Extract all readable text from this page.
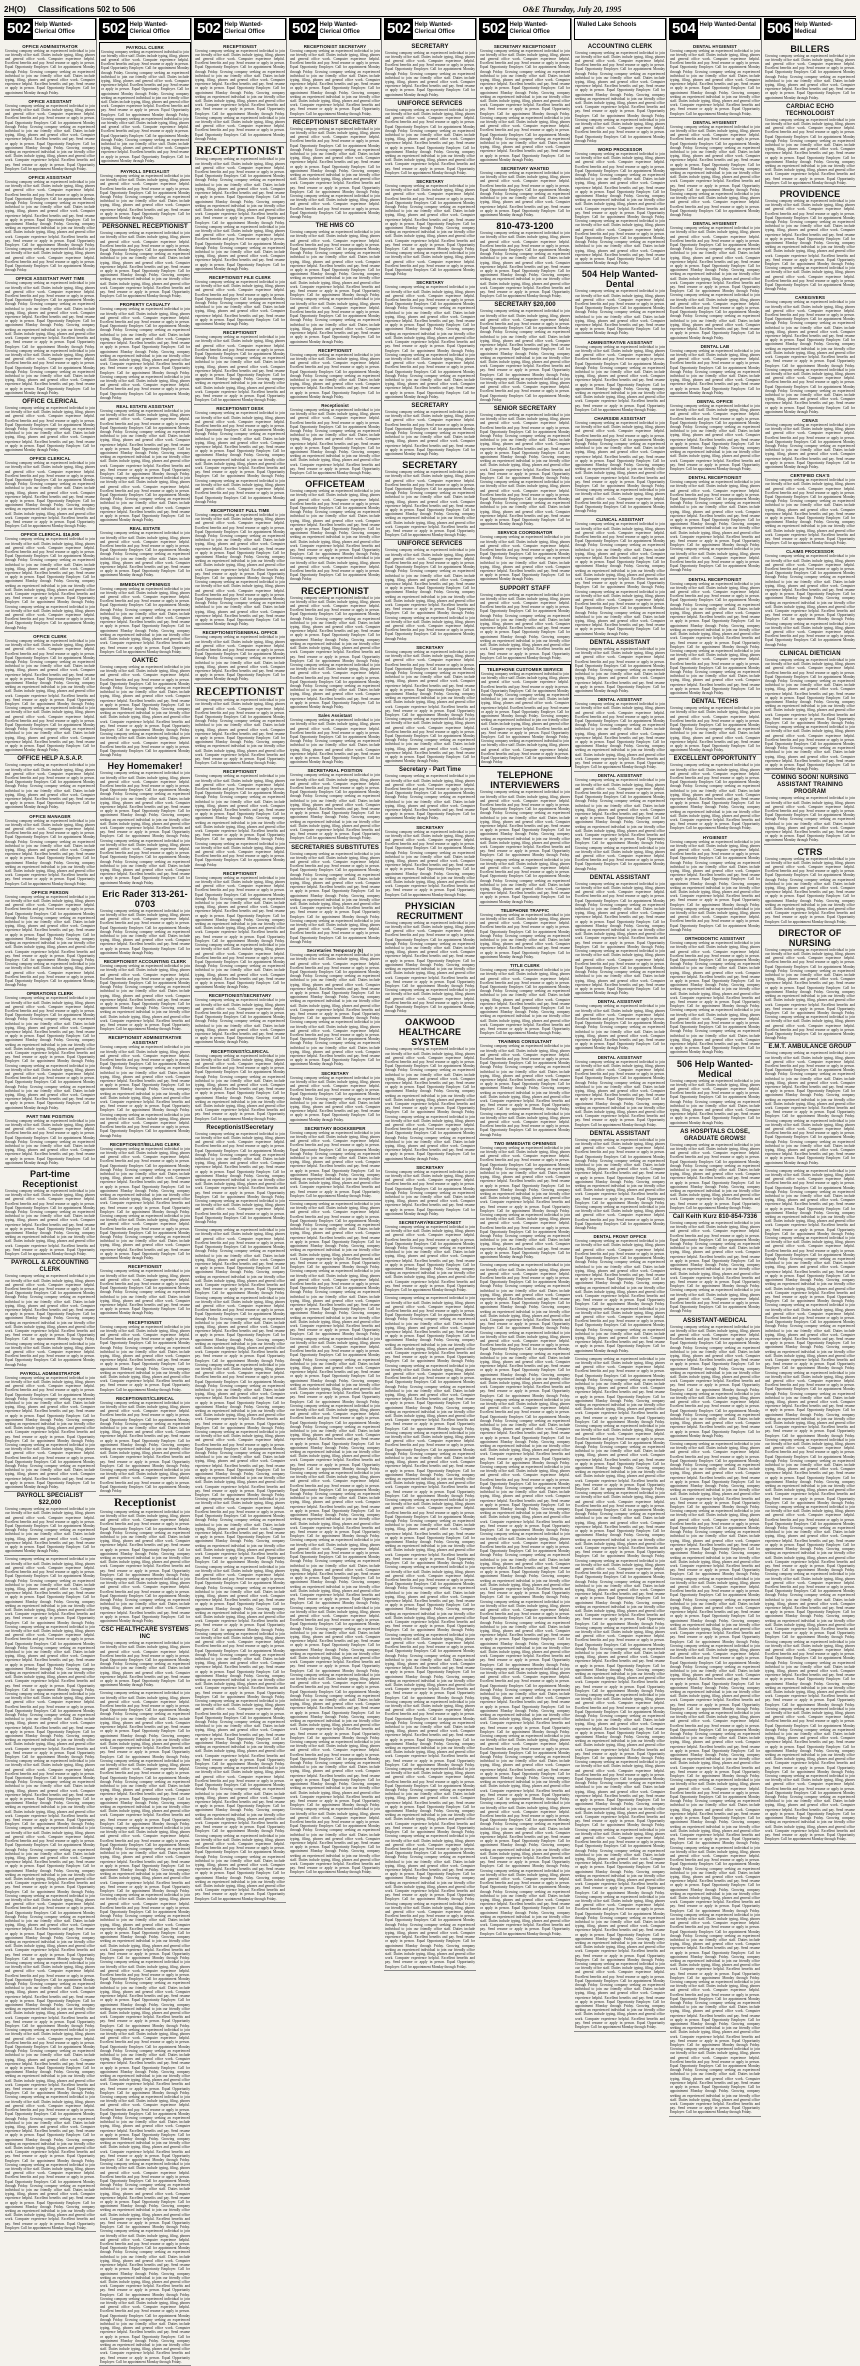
2H(O)	Classifications 502 to 506	O&E Thursday, July 20, 1995
502 Help Wanted-Clerical Office
OFFICE ADMINISTRATOR
Growing company seeking an experienced individual to join our friendly office staff. Duties include typing, filing, phones and general office work. Computer experience helpful. Excellent benefits and pay. Send resume or apply in person. Equal Opportunity Employer. Call for appointment Monday through Friday. Growing company seeking an experienced individual to join our friendly office staff. Duties include typing, filing, phones and general office work. Computer experience helpful. Excellent benefits and pay. Send resume or apply in person. Equal Opportunity Employer. Call for appointment Monday through Friday.
OFFICE ASSISTANT
Growing company seeking an experienced individual to join our friendly office staff. Duties include typing, filing, phones and general office work. Computer experience helpful. Excellent benefits and pay. Send resume or apply in person. Equal Opportunity Employer. Call for appointment Monday through Friday. Growing company seeking an experienced individual to join our friendly office staff. Duties include typing, filing, phones and general office work. Computer experience helpful. Excellent benefits and pay. Send resume or apply in person. Equal Opportunity Employer. Call for appointment Monday through Friday. Growing company seeking an experienced individual to join our friendly office staff. Duties include typing, filing, phones and general office work. Computer experience helpful. Excellent benefits and pay. Send resume or apply in person. Equal Opportunity Employer. Call for appointment Monday through Friday.
OFFICE ASSISTANT
Growing company seeking an experienced individual to join our friendly office staff. Duties include typing, filing, phones and general office work. Computer experience helpful. Excellent benefits and pay. Send resume or apply in person. Equal Opportunity Employer. Call for appointment Monday through Friday. Growing company seeking an experienced individual to join our friendly office staff. Duties include typing, filing, phones and general office work. Computer experience helpful. Excellent benefits and pay. Send resume or apply in person. Equal Opportunity Employer. Call for appointment Monday through Friday. Growing company seeking an experienced individual to join our friendly office staff. Duties include typing, filing, phones and general office work. Computer experience helpful. Excellent benefits and pay. Send resume or apply in person. Equal Opportunity Employer. Call for appointment Monday through Friday. Growing company seeking an experienced individual to join our friendly office staff. Duties include typing, filing, phones and general office work. Computer experience helpful. Excellent benefits and pay. Send resume or apply in person. Equal Opportunity Employer. Call for appointment Monday through Friday.
OFFICE ASSISTANT PART TIME
Growing company seeking an experienced individual to join our friendly office staff. Duties include typing, filing, phones and general office work. Computer experience helpful. Excellent benefits and pay. Send resume or apply in person. Equal Opportunity Employer. Call for appointment Monday through Friday. Growing company seeking an experienced individual to join our friendly office staff. Duties include typing, filing, phones and general office work. Computer experience helpful. Excellent benefits and pay. Send resume or apply in person. Equal Opportunity Employer. Call for appointment Monday through Friday. Growing company seeking an experienced individual to join our friendly office staff. Duties include typing, filing, phones and general office work. Computer experience helpful. Excellent benefits and pay. Send resume or apply in person. Equal Opportunity Employer. Call for appointment Monday through Friday. Growing company seeking an experienced individual to join our friendly office staff. Duties include typing, filing, phones and general office work. Computer experience helpful. Excellent benefits and pay. Send resume or apply in person. Equal Opportunity Employer. Call for appointment Monday through Friday. Growing company seeking an experienced individual to join our friendly office staff. Duties include typing, filing, phones and general office work. Computer experience helpful. Excellent benefits and pay. Send resume or apply in person. Equal Opportunity Employer. Call for appointment Monday through Friday.
OFFICE CLERICAL
Growing company seeking an experienced individual to join our friendly office staff. Duties include typing, filing, phones and general office work. Computer experience helpful. Excellent benefits and pay. Send resume or apply in person. Equal Opportunity Employer. Call for appointment Monday through Friday. Growing company seeking an experienced individual to join our friendly office staff. Duties include typing, filing, phones and general office work. Computer experience helpful. Excellent benefits and pay. Send resume or apply in person. Equal Opportunity Employer. Call for appointment Monday through Friday.
OFFICE CLERICAL
Growing company seeking an experienced individual to join our friendly office staff. Duties include typing, filing, phones and general office work. Computer experience helpful. Excellent benefits and pay. Send resume or apply in person. Equal Opportunity Employer. Call for appointment Monday through Friday. Growing company seeking an experienced individual to join our friendly office staff. Duties include typing, filing, phones and general office work. Computer experience helpful. Excellent benefits and pay. Send resume or apply in person. Equal Opportunity Employer. Call for appointment Monday through Friday. Growing company seeking an experienced individual to join our friendly office staff. Duties include typing, filing, phones and general office work. Computer experience helpful. Excellent benefits and pay. Send resume or apply in person. Equal Opportunity Employer. Call for appointment Monday through Friday.
OFFICE CLERICAL $16,000
Growing company seeking an experienced individual to join our friendly office staff. Duties include typing, filing, phones and general office work. Computer experience helpful. Excellent benefits and pay. Send resume or apply in person. Equal Opportunity Employer. Call for appointment Monday through Friday. Growing company seeking an experienced individual to join our friendly office staff. Duties include typing, filing, phones and general office work. Computer experience helpful. Excellent benefits and pay. Send resume or apply in person. Equal Opportunity Employer. Call for appointment Monday through Friday. Growing company seeking an experienced individual to join our friendly office staff. Duties include typing, filing, phones and general office work. Computer experience helpful. Excellent benefits and pay. Send resume or apply in person. Equal Opportunity Employer. Call for appointment Monday through Friday. Growing company seeking an experienced individual to join our friendly office staff. Duties include typing, filing, phones and general office work. Computer experience helpful. Excellent benefits and pay. Send resume or apply in person. Equal Opportunity Employer. Call for appointment Monday through Friday.
OFFICE CLERK
Growing company seeking an experienced individual to join our friendly office staff. Duties include typing, filing, phones and general office work. Computer experience helpful. Excellent benefits and pay. Send resume or apply in person. Equal Opportunity Employer. Call for appointment Monday through Friday. Growing company seeking an experienced individual to join our friendly office staff. Duties include typing, filing, phones and general office work. Computer experience helpful. Excellent benefits and pay. Send resume or apply in person. Equal Opportunity Employer. Call for appointment Monday through Friday. Growing company seeking an experienced individual to join our friendly office staff. Duties include typing, filing, phones and general office work. Computer experience helpful. Excellent benefits and pay. Send resume or apply in person. Equal Opportunity Employer. Call for appointment Monday through Friday. Growing company seeking an experienced individual to join our friendly office staff. Duties include typing, filing, phones and general office work. Computer experience helpful. Excellent benefits and pay. Send resume or apply in person. Equal Opportunity Employer. Call for appointment Monday through Friday. Growing company seeking an experienced individual to join our friendly office staff. Duties include typing, filing, phones and general office work. Computer experience helpful. Excellent benefits and pay. Send resume or apply in person. Equal Opportunity Employer. Call for appointment Monday through Friday.
OFFICE HELP A.S.A.P.
Growing company seeking an experienced individual to join our friendly office staff. Duties include typing, filing, phones and general office work. Computer experience helpful. Excellent benefits and pay. Send resume or apply in person. Equal Opportunity Employer. Call for appointment Monday through Friday. Growing company seeking an experienced individual to join our friendly office staff. Duties include typing, filing, phones and general office work. Computer experience helpful. Excellent benefits and pay. Send resume or apply in person. Equal Opportunity Employer. Call for appointment Monday through Friday.
OFFICE MANAGER
Growing company seeking an experienced individual to join our friendly office staff. Duties include typing, filing, phones and general office work. Computer experience helpful. Excellent benefits and pay. Send resume or apply in person. Equal Opportunity Employer. Call for appointment Monday through Friday. Growing company seeking an experienced individual to join our friendly office staff. Duties include typing, filing, phones and general office work. Computer experience helpful. Excellent benefits and pay. Send resume or apply in person. Equal Opportunity Employer. Call for appointment Monday through Friday. Growing company seeking an experienced individual to join our friendly office staff. Duties include typing, filing, phones and general office work. Computer experience helpful. Excellent benefits and pay. Send resume or apply in person. Equal Opportunity Employer. Call for appointment Monday through Friday.
OFFICE PERSON
Growing company seeking an experienced individual to join our friendly office staff. Duties include typing, filing, phones and general office work. Computer experience helpful. Excellent benefits and pay. Send resume or apply in person. Equal Opportunity Employer. Call for appointment Monday through Friday. Growing company seeking an experienced individual to join our friendly office staff. Duties include typing, filing, phones and general office work. Computer experience helpful. Excellent benefits and pay. Send resume or apply in person. Equal Opportunity Employer. Call for appointment Monday through Friday. Growing company seeking an experienced individual to join our friendly office staff. Duties include typing, filing, phones and general office work. Computer experience helpful. Excellent benefits and pay. Send resume or apply in person. Equal Opportunity Employer. Call for appointment Monday through Friday. Growing company seeking an experienced individual to join our friendly office staff. Duties include typing, filing, phones and general office work. Computer experience helpful. Excellent benefits and pay. Send resume or apply in person. Equal Opportunity Employer. Call for appointment Monday through Friday.
OPERATIONS CLERK
Growing company seeking an experienced individual to join our friendly office staff. Duties include typing, filing, phones and general office work. Computer experience helpful. Excellent benefits and pay. Send resume or apply in person. Equal Opportunity Employer. Call for appointment Monday through Friday. Growing company seeking an experienced individual to join our friendly office staff. Duties include typing, filing, phones and general office work. Computer experience helpful. Excellent benefits and pay. Send resume or apply in person. Equal Opportunity Employer. Call for appointment Monday through Friday. Growing company seeking an experienced individual to join our friendly office staff. Duties include typing, filing, phones and general office work. Computer experience helpful. Excellent benefits and pay. Send resume or apply in person. Equal Opportunity Employer. Call for appointment Monday through Friday. Growing company seeking an experienced individual to join our friendly office staff. Duties include typing, filing, phones and general office work. Computer experience helpful. Excellent benefits and pay. Send resume or apply in person. Equal Opportunity Employer. Call for appointment Monday through Friday. Growing company seeking an experienced individual to join our friendly office staff. Duties include typing, filing, phones and general office work. Computer experience helpful. Excellent benefits and pay. Send resume or apply in person. Equal Opportunity Employer. Call for appointment Monday through Friday.
PART TIME POSITION
Growing company seeking an experienced individual to join our friendly office staff. Duties include typing, filing, phones and general office work. Computer experience helpful. Excellent benefits and pay. Send resume or apply in person. Equal Opportunity Employer. Call for appointment Monday through Friday. Growing company seeking an experienced individual to join our friendly office staff. Duties include typing, filing, phones and general office work. Computer experience helpful. Excellent benefits and pay. Send resume or apply in person. Equal Opportunity Employer. Call for appointment Monday through Friday.
Part-time Receptionist
Growing company seeking an experienced individual to join our friendly office staff. Duties include typing, filing, phones and general office work. Computer experience helpful. Excellent benefits and pay. Send resume or apply in person. Equal Opportunity Employer. Call for appointment Monday through Friday. Growing company seeking an experienced individual to join our friendly office staff. Duties include typing, filing, phones and general office work. Computer experience helpful. Excellent benefits and pay. Send resume or apply in person. Equal Opportunity Employer. Call for appointment Monday through Friday. Growing company seeking an experienced individual to join our friendly office staff. Duties include typing, filing, phones and general office work. Computer experience helpful. Excellent benefits and pay. Send resume or apply in person. Equal Opportunity Employer. Call for appointment Monday through Friday.
PAYROLL & ACCOUNTING CLERK
Growing company seeking an experienced individual to join our friendly office staff. Duties include typing, filing, phones and general office work. Computer experience helpful. Excellent benefits and pay. Send resume or apply in person. Equal Opportunity Employer. Call for appointment Monday through Friday. Growing company seeking an experienced individual to join our friendly office staff. Duties include typing, filing, phones and general office work. Computer experience helpful. Excellent benefits and pay. Send resume or apply in person. Equal Opportunity Employer. Call for appointment Monday through Friday. Growing company seeking an experienced individual to join our friendly office staff. Duties include typing, filing, phones and general office work. Computer experience helpful. Excellent benefits and pay. Send resume or apply in person. Equal Opportunity Employer. Call for appointment Monday through Friday. Growing company seeking an experienced individual to join our friendly office staff. Duties include typing, filing, phones and general office work. Computer experience helpful. Excellent benefits and pay. Send resume or apply in person. Equal Opportunity Employer. Call for appointment Monday through Friday.
PAYROLL ADMINISTRATOR
Growing company seeking an experienced individual to join our friendly office staff. Duties include typing, filing, phones and general office work. Computer experience helpful. Excellent benefits and pay. Send resume or apply in person. Equal Opportunity Employer. Call for appointment Monday through Friday. Growing company seeking an experienced individual to join our friendly office staff. Duties include typing, filing, phones and general office work. Computer experience helpful. Excellent benefits and pay. Send resume or apply in person. Equal Opportunity Employer. Call for appointment Monday through Friday. Growing company seeking an experienced individual to join our friendly office staff. Duties include typing, filing, phones and general office work. Computer experience helpful. Excellent benefits and pay. Send resume or apply in person. Equal Opportunity Employer. Call for appointment Monday through Friday. Growing company seeking an experienced individual to join our friendly office staff. Duties include typing, filing, phones and general office work. Computer experience helpful. Excellent benefits and pay. Send resume or apply in person. Equal Opportunity Employer. Call for appointment Monday through Friday. Growing company seeking an experienced individual to join our friendly office staff. Duties include typing, filing, phones and general office work. Computer experience helpful. Excellent benefits and pay. Send resume or apply in person. Equal Opportunity Employer. Call for appointment Monday through Friday.
PAYROLL SPECIALIST $22,000
Growing company seeking an experienced individual to join our friendly office staff. Duties include typing, filing, phones and general office work. Computer experience helpful. Excellent benefits and pay. Send resume or apply in person. Equal Opportunity Employer. Call for appointment Monday through Friday. Growing company seeking an experienced individual to join our friendly office staff. Duties include typing, filing, phones and general office work. Computer experience helpful. Excellent benefits and pay. Send resume or apply in person. Equal Opportunity Employer. Call for appointment Monday through Friday.
Growing company seeking an experienced individual to join our friendly office staff. Duties include typing, filing, phones and general office work. Computer experience helpful. Excellent benefits and pay. Send resume or apply in person. Equal Opportunity Employer. Call for appointment Monday through Friday. Growing company seeking an experienced individual to join our friendly office staff. Duties include typing, filing, phones and general office work. Computer experience helpful. Excellent benefits and pay. Send resume or apply in person. Equal Opportunity Employer. Call for appointment Monday through Friday. Growing company seeking an experienced individual to join our friendly office staff. Duties include typing, filing, phones and general office work. Computer experience helpful. Excellent benefits and pay. Send resume or apply in person. Equal Opportunity Employer. Call for appointment Monday through Friday. Growing company seeking an experienced individual to join our friendly office staff. Duties include typing, filing, phones and general office work. Computer experience helpful. Excellent benefits and pay. Send resume or apply in person. Equal Opportunity Employer. Call for appointment Monday through Friday. Growing company seeking an experienced individual to join our friendly office staff. Duties include typing, filing, phones and general office work. Computer experience helpful. Excellent benefits and pay. Send resume or apply in person. Equal Opportunity Employer. Call for appointment Monday through Friday. Growing company seeking an experienced individual to join our friendly office staff. Duties include typing, filing, phones and general office work. Computer experience helpful. Excellent benefits and pay. Send resume or apply in person. Equal Opportunity Employer. Call for appointment Monday through Friday. Growing company seeking an experienced individual to join our friendly office staff. Duties include typing, filing, phones and general office work. Computer experience helpful. Excellent benefits and pay. Send resume or apply in person. Equal Opportunity Employer. Call for appointment Monday through Friday. Growing company seeking an experienced individual to join our friendly office staff. Duties include typing, filing, phones and general office work. Computer experience helpful. Excellent benefits and pay. Send resume or apply in person. Equal Opportunity Employer. Call for appointment Monday through Friday. Growing company seeking an experienced individual to join our friendly office staff. Duties include typing, filing, phones and general office work. Computer experience helpful. Excellent benefits and pay. Send resume or apply in person. Equal Opportunity Employer. Call for appointment Monday through Friday. Growing company seeking an experienced individual to join our friendly office staff. Duties include typing, filing, phones and general office work. Computer experience helpful. Excellent benefits and pay. Send resume or apply in person. Equal Opportunity Employer. Call for appointment Monday through Friday. Growing company seeking an experienced individual to join our friendly office staff. Duties include typing, filing, phones and general office work. Computer experience helpful. Excellent benefits and pay. Send resume or apply in person. Equal Opportunity Employer. Call for appointment Monday through Friday. Growing company seeking an experienced individual to join our friendly office staff. Duties include typing, filing, phones and general office work. Computer experience helpful. Excellent benefits and pay. Send resume or apply in person. Equal Opportunity Employer. Call for appointment Monday through Friday. Growing company seeking an experienced individual to join our friendly office staff. Duties include typing, filing, phones and general office work. Computer experience helpful. Excellent benefits and pay. Send resume or apply in person. Equal Opportunity Employer. Call for appointment Monday through Friday. Growing company seeking an experienced individual to join our friendly office staff. Duties include typing, filing, phones and general office work. Computer experience helpful. Excellent benefits and pay. Send resume or apply in person. Equal Opportunity Employer. Call for appointment Monday through Friday. Growing company seeking an experienced individual to join our friendly office staff. Duties include typing, filing, phones and general office work. Computer experience helpful. Excellent benefits and pay. Send resume or apply in person. Equal Opportunity Employer. Call for appointment Monday through Friday. Growing company seeking an experienced individual to join our friendly office staff. Duties include typing, filing, phones and general office work. Computer experience helpful. Excellent benefits and pay. Send resume or apply in person. Equal Opportunity Employer. Call for appointment Monday through Friday. Growing company seeking an experienced individual to join our friendly office staff. Duties include typing, filing, phones and general office work. Computer experience helpful. Excellent benefits and pay. Send resume or apply in person. Equal Opportunity Employer. Call for appointment Monday through Friday. Growing company seeking an experienced individual to join our friendly office staff. Duties include typing, filing, phones and general office work. Computer experience helpful. Excellent benefits and pay. Send resume or apply in person. Equal Opportunity Employer. Call for appointment Monday through Friday. Growing company seeking an experienced individual to join our friendly office staff. Duties include typing, filing, phones and general office work. Computer experience helpful. Excellent benefits and pay. Send resume or apply in person. Equal Opportunity Employer. Call for appointment Monday through Friday. Growing company seeking an experienced individual to join our friendly office staff. Duties include typing, filing, phones and general office work. Computer experience helpful. Excellent benefits and pay. Send resume or apply in person. Equal Opportunity Employer. Call for appointment Monday through Friday. Growing company seeking an experienced individual to join our friendly office staff. Duties include typing, filing, phones and general office work. Computer experience helpful. Excellent benefits and pay. Send resume or apply in person. Equal Opportunity Employer. Call for appointment Monday through Friday. Growing company seeking an experienced individual to join our friendly office staff. Duties include typing, filing, phones and general office work. Computer experience helpful. Excellent benefits and pay. Send resume or apply in person. Equal Opportunity Employer. Call for appointment Monday through Friday. Growing company seeking an experienced individual to join our friendly office staff. Duties include typing, filing, phones and general office work. Computer experience helpful. Excellent benefits and pay. Send resume or apply in person. Equal Opportunity Employer. Call for appointment Monday through Friday. Growing company seeking an experienced individual to join our friendly office staff. Duties include typing, filing, phones and general office work. Computer experience helpful. Excellent benefits and pay. Send resume or apply in person. Equal Opportunity Employer. Call for appointment Monday through Friday. Growing company seeking an experienced individual to join our friendly office staff. Duties include typing, filing, phones and general office work. Computer experience helpful. Excellent benefits and pay. Send resume or apply in person. Equal Opportunity Employer. Call for appointment Monday through Friday. Growing company seeking an experienced individual to join our friendly office staff. Duties include typing, filing, phones and general office work. Computer experience helpful. Excellent benefits and pay. Send resume or apply in person. Equal Opportunity Employer. Call for appointment Monday through Friday. Growing company seeking an experienced individual to join our friendly office staff. Duties include typing, filing, phones and general office work. Computer experience helpful. Excellent benefits and pay. Send resume or apply in person. Equal Opportunity Employer. Call for appointment Monday through Friday. Growing company seeking an experienced individual to join our friendly office staff. Duties include typing, filing, phones and general office work. Computer experience helpful. Excellent benefits and pay. Send resume or apply in person. Equal Opportunity Employer. Call for appointment Monday through Friday. Growing company seeking an experienced individual to join our friendly office staff. Duties include typing, filing, phones and general office work. Computer experience helpful. Excellent benefits and pay. Send resume or apply in person. Equal Opportunity Employer. Call for appointment Monday through Friday. Growing company seeking an experienced individual to join our friendly office staff. Duties include typing, filing, phones and general office work. Computer experience helpful. Excellent benefits and pay. Send resume or apply in person. Equal Opportunity Employer. Call for appointment Monday through Friday.
502 Help Wanted-Clerical Office
PAYROLL CLERK
Growing company seeking an experienced individual to join our friendly office staff. Duties include typing, filing, phones and general office work. Computer experience helpful. Excellent benefits and pay. Send resume or apply in person. Equal Opportunity Employer. Call for appointment Monday through Friday. Growing company seeking an experienced individual to join our friendly office staff. Duties include typing, filing, phones and general office work. Computer experience helpful. Excellent benefits and pay. Send resume or apply in person. Equal Opportunity Employer. Call for appointment Monday through Friday. Growing company seeking an experienced individual to join our friendly office staff. Duties include typing, filing, phones and general office work. Computer experience helpful. Excellent benefits and pay. Send resume or apply in person. Equal Opportunity Employer. Call for appointment Monday through Friday. Growing company seeking an experienced individual to join our friendly office staff. Duties include typing, filing, phones and general office work. Computer experience helpful. Excellent benefits and pay. Send resume or apply in person. Equal Opportunity Employer. Call for appointment Monday through Friday. Growing company seeking an experienced individual to join our friendly office staff. Duties include typing, filing, phones and general office work. Computer experience helpful. Excellent benefits and pay. Send resume or apply in person. Equal Opportunity Employer. Call for appointment Monday through Friday.
PAYROLL SPECIALIST
Growing company seeking an experienced individual to join our friendly office staff. Duties include typing, filing, phones and general office work. Computer experience helpful. Excellent benefits and pay. Send resume or apply in person. Equal Opportunity Employer. Call for appointment Monday through Friday. Growing company seeking an experienced individual to join our friendly office staff. Duties include typing, filing, phones and general office work. Computer experience helpful. Excellent benefits and pay. Send resume or apply in person. Equal Opportunity Employer. Call for appointment Monday through Friday.
PERSONNEL RECEPTIONIST
Growing company seeking an experienced individual to join our friendly office staff. Duties include typing, filing, phones and general office work. Computer experience helpful. Excellent benefits and pay. Send resume or apply in person. Equal Opportunity Employer. Call for appointment Monday through Friday. Growing company seeking an experienced individual to join our friendly office staff. Duties include typing, filing, phones and general office work. Computer experience helpful. Excellent benefits and pay. Send resume or apply in person. Equal Opportunity Employer. Call for appointment Monday through Friday. Growing company seeking an experienced individual to join our friendly office staff. Duties include typing, filing, phones and general office work. Computer experience helpful. Excellent benefits and pay. Send resume or apply in person. Equal Opportunity Employer. Call for appointment Monday through Friday.
PROPERTY CASUALTY
Growing company seeking an experienced individual to join our friendly office staff. Duties include typing, filing, phones and general office work. Computer experience helpful. Excellent benefits and pay. Send resume or apply in person. Equal Opportunity Employer. Call for appointment Monday through Friday. Growing company seeking an experienced individual to join our friendly office staff. Duties include typing, filing, phones and general office work. Computer experience helpful. Excellent benefits and pay. Send resume or apply in person. Equal Opportunity Employer. Call for appointment Monday through Friday. Growing company seeking an experienced individual to join our friendly office staff. Duties include typing, filing, phones and general office work. Computer experience helpful. Excellent benefits and pay. Send resume or apply in person. Equal Opportunity Employer. Call for appointment Monday through Friday. Growing company seeking an experienced individual to join our friendly office staff. Duties include typing, filing, phones and general office work. Computer experience helpful. Excellent benefits and pay. Send resume or apply in person. Equal Opportunity Employer. Call for appointment Monday through Friday.
REAL ESTATE ASSISTANT
Growing company seeking an experienced individual to join our friendly office staff. Duties include typing, filing, phones and general office work. Computer experience helpful. Excellent benefits and pay. Send resume or apply in person. Equal Opportunity Employer. Call for appointment Monday through Friday. Growing company seeking an experienced individual to join our friendly office staff. Duties include typing, filing, phones and general office work. Computer experience helpful. Excellent benefits and pay. Send resume or apply in person. Equal Opportunity Employer. Call for appointment Monday through Friday. Growing company seeking an experienced individual to join our friendly office staff. Duties include typing, filing, phones and general office work. Computer experience helpful. Excellent benefits and pay. Send resume or apply in person. Equal Opportunity Employer. Call for appointment Monday through Friday. Growing company seeking an experienced individual to join our friendly office staff. Duties include typing, filing, phones and general office work. Computer experience helpful. Excellent benefits and pay. Send resume or apply in person. Equal Opportunity Employer. Call for appointment Monday through Friday. Growing company seeking an experienced individual to join our friendly office staff. Duties include typing, filing, phones and general office work. Computer experience helpful. Excellent benefits and pay. Send resume or apply in person. Equal Opportunity Employer. Call for appointment Monday through Friday.
REAL ESTATE
Growing company seeking an experienced individual to join our friendly office staff. Duties include typing, filing, phones and general office work. Computer experience helpful. Excellent benefits and pay. Send resume or apply in person. Equal Opportunity Employer. Call for appointment Monday through Friday. Growing company seeking an experienced individual to join our friendly office staff. Duties include typing, filing, phones and general office work. Computer experience helpful. Excellent benefits and pay. Send resume or apply in person. Equal Opportunity Employer. Call for appointment Monday through Friday.
IMMEDIATE OPENINGS
Growing company seeking an experienced individual to join our friendly office staff. Duties include typing, filing, phones and general office work. Computer experience helpful. Excellent benefits and pay. Send resume or apply in person. Equal Opportunity Employer. Call for appointment Monday through Friday. Growing company seeking an experienced individual to join our friendly office staff. Duties include typing, filing, phones and general office work. Computer experience helpful. Excellent benefits and pay. Send resume or apply in person. Equal Opportunity Employer. Call for appointment Monday through Friday. Growing company seeking an experienced individual to join our friendly office staff. Duties include typing, filing, phones and general office work. Computer experience helpful. Excellent benefits and pay. Send resume or apply in person. Equal Opportunity Employer. Call for appointment Monday through Friday.
OAKTEC
Growing company seeking an experienced individual to join our friendly office staff. Duties include typing, filing, phones and general office work. Computer experience helpful. Excellent benefits and pay. Send resume or apply in person. Equal Opportunity Employer. Call for appointment Monday through Friday. Growing company seeking an experienced individual to join our friendly office staff. Duties include typing, filing, phones and general office work. Computer experience helpful. Excellent benefits and pay. Send resume or apply in person. Equal Opportunity Employer. Call for appointment Monday through Friday. Growing company seeking an experienced individual to join our friendly office staff. Duties include typing, filing, phones and general office work. Computer experience helpful. Excellent benefits and pay. Send resume or apply in person. Equal Opportunity Employer. Call for appointment Monday through Friday. Growing company seeking an experienced individual to join our friendly office staff. Duties include typing, filing, phones and general office work. Computer experience helpful. Excellent benefits and pay. Send resume or apply in person. Equal Opportunity Employer. Call for appointment Monday through Friday.
Hey Homemaker!
Growing company seeking an experienced individual to join our friendly office staff. Duties include typing, filing, phones and general office work. Computer experience helpful. Excellent benefits and pay. Send resume or apply in person. Equal Opportunity Employer. Call for appointment Monday through Friday. Growing company seeking an experienced individual to join our friendly office staff. Duties include typing, filing, phones and general office work. Computer experience helpful. Excellent benefits and pay. Send resume or apply in person. Equal Opportunity Employer. Call for appointment Monday through Friday. Growing company seeking an experienced individual to join our friendly office staff. Duties include typing, filing, phones and general office work. Computer experience helpful. Excellent benefits and pay. Send resume or apply in person. Equal Opportunity Employer. Call for appointment Monday through Friday. Growing company seeking an experienced individual to join our friendly office staff. Duties include typing, filing, phones and general office work. Computer experience helpful. Excellent benefits and pay. Send resume or apply in person. Equal Opportunity Employer. Call for appointment Monday through Friday. Growing company seeking an experienced individual to join our friendly office staff. Duties include typing, filing, phones and general office work. Computer experience helpful. Excellent benefits and pay. Send resume or apply in person. Equal Opportunity Employer. Call for appointment Monday through Friday.
Eric Rader 313-261-0703
Growing company seeking an experienced individual to join our friendly office staff. Duties include typing, filing, phones and general office work. Computer experience helpful. Excellent benefits and pay. Send resume or apply in person. Equal Opportunity Employer. Call for appointment Monday through Friday. Growing company seeking an experienced individual to join our friendly office staff. Duties include typing, filing, phones and general office work. Computer experience helpful. Excellent benefits and pay. Send resume or apply in person. Equal Opportunity Employer. Call for appointment Monday through Friday.
RECEPTIONIST ACCOUNTING CLERK
Growing company seeking an experienced individual to join our friendly office staff. Duties include typing, filing, phones and general office work. Computer experience helpful. Excellent benefits and pay. Send resume or apply in person. Equal Opportunity Employer. Call for appointment Monday through Friday. Growing company seeking an experienced individual to join our friendly office staff. Duties include typing, filing, phones and general office work. Computer experience helpful. Excellent benefits and pay. Send resume or apply in person. Equal Opportunity Employer. Call for appointment Monday through Friday. Growing company seeking an experienced individual to join our friendly office staff. Duties include typing, filing, phones and general office work. Computer experience helpful. Excellent benefits and pay. Send resume or apply in person. Equal Opportunity Employer. Call for appointment Monday through Friday.
RECEPTIONIST ADMINISTRATIVE ASSISTANT
Growing company seeking an experienced individual to join our friendly office staff. Duties include typing, filing, phones and general office work. Computer experience helpful. Excellent benefits and pay. Send resume or apply in person. Equal Opportunity Employer. Call for appointment Monday through Friday. Growing company seeking an experienced individual to join our friendly office staff. Duties include typing, filing, phones and general office work. Computer experience helpful. Excellent benefits and pay. Send resume or apply in person. Equal Opportunity Employer. Call for appointment Monday through Friday. Growing company seeking an experienced individual to join our friendly office staff. Duties include typing, filing, phones and general office work. Computer experience helpful. Excellent benefits and pay. Send resume or apply in person. Equal Opportunity Employer. Call for appointment Monday through Friday. Growing company seeking an experienced individual to join our friendly office staff. Duties include typing, filing, phones and general office work. Computer experience helpful. Excellent benefits and pay. Send resume or apply in person. Equal Opportunity Employer. Call for appointment Monday through Friday.
RECEPTIONIST/BILLING CLERK
Growing company seeking an experienced individual to join our friendly office staff. Duties include typing, filing, phones and general office work. Computer experience helpful. Excellent benefits and pay. Send resume or apply in person. Equal Opportunity Employer. Call for appointment Monday through Friday. Growing company seeking an experienced individual to join our friendly office staff. Duties include typing, filing, phones and general office work. Computer experience helpful. Excellent benefits and pay. Send resume or apply in person. Equal Opportunity Employer. Call for appointment Monday through Friday. Growing company seeking an experienced individual to join our friendly office staff. Duties include typing, filing, phones and general office work. Computer experience helpful. Excellent benefits and pay. Send resume or apply in person. Equal Opportunity Employer. Call for appointment Monday through Friday. Growing company seeking an experienced individual to join our friendly office staff. Duties include typing, filing, phones and general office work. Computer experience helpful. Excellent benefits and pay. Send resume or apply in person. Equal Opportunity Employer. Call for appointment Monday through Friday. Growing company seeking an experienced individual to join our friendly office staff. Duties include typing, filing, phones and general office work. Computer experience helpful. Excellent benefits and pay. Send resume or apply in person. Equal Opportunity Employer. Call for appointment Monday through Friday.
RECEPTIONIST
Growing company seeking an experienced individual to join our friendly office staff. Duties include typing, filing, phones and general office work. Computer experience helpful. Excellent benefits and pay. Send resume or apply in person. Equal Opportunity Employer. Call for appointment Monday through Friday. Growing company seeking an experienced individual to join our friendly office staff. Duties include typing, filing, phones and general office work. Computer experience helpful. Excellent benefits and pay. Send resume or apply in person. Equal Opportunity Employer. Call for appointment Monday through Friday.
RECEPTIONIST
Growing company seeking an experienced individual to join our friendly office staff. Duties include typing, filing, phones and general office work. Computer experience helpful. Excellent benefits and pay. Send resume or apply in person. Equal Opportunity Employer. Call for appointment Monday through Friday. Growing company seeking an experienced individual to join our friendly office staff. Duties include typing, filing, phones and general office work. Computer experience helpful. Excellent benefits and pay. Send resume or apply in person. Equal Opportunity Employer. Call for appointment Monday through Friday. Growing company seeking an experienced individual to join our friendly office staff. Duties include typing, filing, phones and general office work. Computer experience helpful. Excellent benefits and pay. Send resume or apply in person. Equal Opportunity Employer. Call for appointment Monday through Friday.
RECEPTIONIST/CLERICAL
Growing company seeking an experienced individual to join our friendly office staff. Duties include typing, filing, phones and general office work. Computer experience helpful. Excellent benefits and pay. Send resume or apply in person. Equal Opportunity Employer. Call for appointment Monday through Friday. Growing company seeking an experienced individual to join our friendly office staff. Duties include typing, filing, phones and general office work. Computer experience helpful. Excellent benefits and pay. Send resume or apply in person. Equal Opportunity Employer. Call for appointment Monday through Friday. Growing company seeking an experienced individual to join our friendly office staff. Duties include typing, filing, phones and general office work. Computer experience helpful. Excellent benefits and pay. Send resume or apply in person. Equal Opportunity Employer. Call for appointment Monday through Friday. Growing company seeking an experienced individual to join our friendly office staff. Duties include typing, filing, phones and general office work. Computer experience helpful. Excellent benefits and pay. Send resume or apply in person. Equal Opportunity Employer. Call for appointment Monday through Friday.
Receptionist
Growing company seeking an experienced individual to join our friendly office staff. Duties include typing, filing, phones and general office work. Computer experience helpful. Excellent benefits and pay. Send resume or apply in person. Equal Opportunity Employer. Call for appointment Monday through Friday. Growing company seeking an experienced individual to join our friendly office staff. Duties include typing, filing, phones and general office work. Computer experience helpful. Excellent benefits and pay. Send resume or apply in person. Equal Opportunity Employer. Call for appointment Monday through Friday. Growing company seeking an experienced individual to join our friendly office staff. Duties include typing, filing, phones and general office work. Computer experience helpful. Excellent benefits and pay. Send resume or apply in person. Equal Opportunity Employer. Call for appointment Monday through Friday. Growing company seeking an experienced individual to join our friendly office staff. Duties include typing, filing, phones and general office work. Computer experience helpful. Excellent benefits and pay. Send resume or apply in person. Equal Opportunity Employer. Call for appointment Monday through Friday. Growing company seeking an experienced individual to join our friendly office staff. Duties include typing, filing, phones and general office work. Computer experience helpful. Excellent benefits and pay. Send resume or apply in person. Equal Opportunity Employer. Call for appointment Monday through Friday.
CSC HEALTHCARE SYSTEMS INC
Growing company seeking an experienced individual to join our friendly office staff. Duties include typing, filing, phones and general office work. Computer experience helpful. Excellent benefits and pay. Send resume or apply in person. Equal Opportunity Employer. Call for appointment Monday through Friday. Growing company seeking an experienced individual to join our friendly office staff. Duties include typing, filing, phones and general office work. Computer experience helpful. Excellent benefits and pay. Send resume or apply in person. Equal Opportunity Employer. Call for appointment Monday through Friday.
Growing company seeking an experienced individual to join our friendly office staff. Duties include typing, filing, phones and general office work. Computer experience helpful. Excellent benefits and pay. Send resume or apply in person. Equal Opportunity Employer. Call for appointment Monday through Friday. Growing company seeking an experienced individual to join our friendly office staff. Duties include typing, filing, phones and general office work. Computer experience helpful. Excellent benefits and pay. Send resume or apply in person. Equal Opportunity Employer. Call for appointment Monday through Friday. Growing company seeking an experienced individual to join our friendly office staff. Duties include typing, filing, phones and general office work. Computer experience helpful. Excellent benefits and pay. Send resume or apply in person. Equal Opportunity Employer. Call for appointment Monday through Friday. Growing company seeking an experienced individual to join our friendly office staff. Duties include typing, filing, phones and general office work. Computer experience helpful. Excellent benefits and pay. Send resume or apply in person. Equal Opportunity Employer. Call for appointment Monday through Friday. Growing company seeking an experienced individual to join our friendly office staff. Duties include typing, filing, phones and general office work. Computer experience helpful. Excellent benefits and pay. Send resume or apply in person. Equal Opportunity Employer. Call for appointment Monday through Friday. Growing company seeking an experienced individual to join our friendly office staff. Duties include typing, filing, phones and general office work. Computer experience helpful. Excellent benefits and pay. Send resume or apply in person. Equal Opportunity Employer. Call for appointment Monday through Friday. Growing company seeking an experienced individual to join our friendly office staff. Duties include typing, filing, phones and general office work. Computer experience helpful. Excellent benefits and pay. Send resume or apply in person. Equal Opportunity Employer. Call for appointment Monday through Friday. Growing company seeking an experienced individual to join our friendly office staff. Duties include typing, filing, phones and general office work. Computer experience helpful. Excellent benefits and pay. Send resume or apply in person. Equal Opportunity Employer. Call for appointment Monday through Friday. Growing company seeking an experienced individual to join our friendly office staff. Duties include typing, filing, phones and general office work. Computer experience helpful. Excellent benefits and pay. Send resume or apply in person. Equal Opportunity Employer. Call for appointment Monday through Friday. Growing company seeking an experienced individual to join our friendly office staff. Duties include typing, filing, phones and general office work. Computer experience helpful. Excellent benefits and pay. Send resume or apply in person. Equal Opportunity Employer. Call for appointment Monday through Friday. Growing company seeking an experienced individual to join our friendly office staff. Duties include typing, filing, phones and general office work. Computer experience helpful. Excellent benefits and pay. Send resume or apply in person. Equal Opportunity Employer. Call for appointment Monday through Friday. Growing company seeking an experienced individual to join our friendly office staff. Duties include typing, filing, phones and general office work. Computer experience helpful. Excellent benefits and pay. Send resume or apply in person. Equal Opportunity Employer. Call for appointment Monday through Friday. Growing company seeking an experienced individual to join our friendly office staff. Duties include typing, filing, phones and general office work. Computer experience helpful. Excellent benefits and pay. Send resume or apply in person. Equal Opportunity Employer. Call for appointment Monday through Friday. Growing company seeking an experienced individual to join our friendly office staff. Duties include typing, filing, phones and general office work. Computer experience helpful. Excellent benefits and pay. Send resume or apply in person. Equal Opportunity Employer. Call for appointment Monday through Friday. Growing company seeking an experienced individual to join our friendly office staff. Duties include typing, filing, phones and general office work. Computer experience helpful. Excellent benefits and pay. Send resume or apply in person. Equal Opportunity Employer. Call for appointment Monday through Friday. Growing company seeking an experienced individual to join our friendly office staff. Duties include typing, filing, phones and general office work. Computer experience helpful. Excellent benefits and pay. Send resume or apply in person. Equal Opportunity Employer. Call for appointment Monday through Friday. Growing company seeking an experienced individual to join our friendly office staff. Duties include typing, filing, phones and general office work. Computer experience helpful. Excellent benefits and pay. Send resume or apply in person. Equal Opportunity Employer. Call for appointment Monday through Friday. Growing company seeking an experienced individual to join our friendly office staff. Duties include typing, filing, phones and general office work. Computer experience helpful. Excellent benefits and pay. Send resume or apply in person. Equal Opportunity Employer. Call for appointment Monday through Friday. Growing company seeking an experienced individual to join our friendly office staff. Duties include typing, filing, phones and general office work. Computer experience helpful. Excellent benefits and pay. Send resume or apply in person. Equal Opportunity Employer. Call for appointment Monday through Friday. Growing company seeking an experienced individual to join our friendly office staff. Duties include typing, filing, phones and general office work. Computer experience helpful. Excellent benefits and pay. Send resume or apply in person. Equal Opportunity Employer. Call for appointment Monday through Friday. Growing company seeking an experienced individual to join our friendly office staff. Duties include typing, filing, phones and general office work. Computer experience helpful. Excellent benefits and pay. Send resume or apply in person. Equal Opportunity Employer. Call for appointment Monday through Friday. Growing company seeking an experienced individual to join our friendly office staff. Duties include typing, filing, phones and general office work. Computer experience helpful. Excellent benefits and pay. Send resume or apply in person. Equal Opportunity Employer. Call for appointment Monday through Friday. Growing company seeking an experienced individual to join our friendly office staff. Duties include typing, filing, phones and general office work. Computer experience helpful. Excellent benefits and pay. Send resume or apply in person. Equal Opportunity Employer. Call for appointment Monday through Friday. Growing company seeking an experienced individual to join our friendly office staff. Duties include typing, filing, phones and general office work. Computer experience helpful. Excellent benefits and pay. Send resume or apply in person. Equal Opportunity Employer. Call for appointment Monday through Friday. Growing company seeking an experienced individual to join our friendly office staff. Duties include typing, filing, phones and general office work. Computer experience helpful. Excellent benefits and pay. Send resume or apply in person. Equal Opportunity Employer. Call for appointment Monday through Friday. Growing company seeking an experienced individual to join our friendly office staff. Duties include typing, filing, phones and general office work. Computer experience helpful. Excellent benefits and pay. Send resume or apply in person. Equal Opportunity Employer. Call for appointment Monday through Friday. Growing company seeking an experienced individual to join our friendly office staff. Duties include typing, filing, phones and general office work. Computer experience helpful. Excellent benefits and pay. Send resume or apply in person. Equal Opportunity Employer. Call for appointment Monday through Friday. Growing company seeking an experienced individual to join our friendly office staff. Duties include typing, filing, phones and general office work. Computer experience helpful. Excellent benefits and pay. Send resume or apply in person. Equal Opportunity Employer. Call for appointment Monday through Friday. Growing company seeking an experienced individual to join our friendly office staff. Duties include typing, filing, phones and general office work. Computer experience helpful. Excellent benefits and pay. Send resume or apply in person. Equal Opportunity Employer. Call for appointment Monday through Friday. Growing company seeking an experienced individual to join our friendly office staff. Duties include typing, filing, phones and general office work. Computer experience helpful. Excellent benefits and pay. Send resume or apply in person. Equal Opportunity Employer. Call for appointment Monday through Friday.
502 Help Wanted-Clerical Office
RECEPTIONIST
Growing company seeking an experienced individual to join our friendly office staff. Duties include typing, filing, phones and general office work. Computer experience helpful. Excellent benefits and pay. Send resume or apply in person. Equal Opportunity Employer. Call for appointment Monday through Friday. Growing company seeking an experienced individual to join our friendly office staff. Duties include typing, filing, phones and general office work. Computer experience helpful. Excellent benefits and pay. Send resume or apply in person. Equal Opportunity Employer. Call for appointment Monday through Friday. Growing company seeking an experienced individual to join our friendly office staff. Duties include typing, filing, phones and general office work. Computer experience helpful. Excellent benefits and pay. Send resume or apply in person. Equal Opportunity Employer. Call for appointment Monday through Friday. Growing company seeking an experienced individual to join our friendly office staff. Duties include typing, filing, phones and general office work. Computer experience helpful. Excellent benefits and pay. Send resume or apply in person. Equal Opportunity Employer. Call for appointment Monday through Friday.
RECEPTIONIST
Growing company seeking an experienced individual to join our friendly office staff. Duties include typing, filing, phones and general office work. Computer experience helpful. Excellent benefits and pay. Send resume or apply in person. Equal Opportunity Employer. Call for appointment Monday through Friday. Growing company seeking an experienced individual to join our friendly office staff. Duties include typing, filing, phones and general office work. Computer experience helpful. Excellent benefits and pay. Send resume or apply in person. Equal Opportunity Employer. Call for appointment Monday through Friday. Growing company seeking an experienced individual to join our friendly office staff. Duties include typing, filing, phones and general office work. Computer experience helpful. Excellent benefits and pay. Send resume or apply in person. Equal Opportunity Employer. Call for appointment Monday through Friday. Growing company seeking an experienced individual to join our friendly office staff. Duties include typing, filing, phones and general office work. Computer experience helpful. Excellent benefits and pay. Send resume or apply in person. Equal Opportunity Employer. Call for appointment Monday through Friday. Growing company seeking an experienced individual to join our friendly office staff. Duties include typing, filing, phones and general office work. Computer experience helpful. Excellent benefits and pay. Send resume or apply in person. Equal Opportunity Employer. Call for appointment Monday through Friday.
RECEPTIONIST FILE CLERK
Growing company seeking an experienced individual to join our friendly office staff. Duties include typing, filing, phones and general office work. Computer experience helpful. Excellent benefits and pay. Send resume or apply in person. Equal Opportunity Employer. Call for appointment Monday through Friday. Growing company seeking an experienced individual to join our friendly office staff. Duties include typing, filing, phones and general office work. Computer experience helpful. Excellent benefits and pay. Send resume or apply in person. Equal Opportunity Employer. Call for appointment Monday through Friday.
RECEPTIONIST
Growing company seeking an experienced individual to join our friendly office staff. Duties include typing, filing, phones and general office work. Computer experience helpful. Excellent benefits and pay. Send resume or apply in person. Equal Opportunity Employer. Call for appointment Monday through Friday. Growing company seeking an experienced individual to join our friendly office staff. Duties include typing, filing, phones and general office work. Computer experience helpful. Excellent benefits and pay. Send resume or apply in person. Equal Opportunity Employer. Call for appointment Monday through Friday. Growing company seeking an experienced individual to join our friendly office staff. Duties include typing, filing, phones and general office work. Computer experience helpful. Excellent benefits and pay. Send resume or apply in person. Equal Opportunity Employer. Call for appointment Monday through Friday.
RECEPTIONIST DESK
Growing company seeking an experienced individual to join our friendly office staff. Duties include typing, filing, phones and general office work. Computer experience helpful. Excellent benefits and pay. Send resume or apply in person. Equal Opportunity Employer. Call for appointment Monday through Friday. Growing company seeking an experienced individual to join our friendly office staff. Duties include typing, filing, phones and general office work. Computer experience helpful. Excellent benefits and pay. Send resume or apply in person. Equal Opportunity Employer. Call for appointment Monday through Friday. Growing company seeking an experienced individual to join our friendly office staff. Duties include typing, filing, phones and general office work. Computer experience helpful. Excellent benefits and pay. Send resume or apply in person. Equal Opportunity Employer. Call for appointment Monday through Friday. Growing company seeking an experienced individual to join our friendly office staff. Duties include typing, filing, phones and general office work. Computer experience helpful. Excellent benefits and pay. Send resume or apply in person. Equal Opportunity Employer. Call for appointment Monday through Friday.
RECEPTIONIST FULL TIME
Growing company seeking an experienced individual to join our friendly office staff. Duties include typing, filing, phones and general office work. Computer experience helpful. Excellent benefits and pay. Send resume or apply in person. Equal Opportunity Employer. Call for appointment Monday through Friday. Growing company seeking an experienced individual to join our friendly office staff. Duties include typing, filing, phones and general office work. Computer experience helpful. Excellent benefits and pay. Send resume or apply in person. Equal Opportunity Employer. Call for appointment Monday through Friday. Growing company seeking an experienced individual to join our friendly office staff. Duties include typing, filing, phones and general office work. Computer experience helpful. Excellent benefits and pay. Send resume or apply in person. Equal Opportunity Employer. Call for appointment Monday through Friday. Growing company seeking an experienced individual to join our friendly office staff. Duties include typing, filing, phones and general office work. Computer experience helpful. Excellent benefits and pay. Send resume or apply in person. Equal Opportunity Employer. Call for appointment Monday through Friday. Growing company seeking an experienced individual to join our friendly office staff. Duties include typing, filing, phones and general office work. Computer experience helpful. Excellent benefits and pay. Send resume or apply in person. Equal Opportunity Employer. Call for appointment Monday through Friday.
RECEPTIONIST/GENERAL OFFICE
Growing company seeking an experienced individual to join our friendly office staff. Duties include typing, filing, phones and general office work. Computer experience helpful. Excellent benefits and pay. Send resume or apply in person. Equal Opportunity Employer. Call for appointment Monday through Friday. Growing company seeking an experienced individual to join our friendly office staff. Duties include typing, filing, phones and general office work. Computer experience helpful. Excellent benefits and pay. Send resume or apply in person. Equal Opportunity Employer. Call for appointment Monday through Friday.
RECEPTIONIST
Growing company seeking an experienced individual to join our friendly office staff. Duties include typing, filing, phones and general office work. Computer experience helpful. Excellent benefits and pay. Send resume or apply in person. Equal Opportunity Employer. Call for appointment Monday through Friday. Growing company seeking an experienced individual to join our friendly office staff. Duties include typing, filing, phones and general office work. Computer experience helpful. Excellent benefits and pay. Send resume or apply in person. Equal Opportunity Employer. Call for appointment Monday through Friday. Growing company seeking an experienced individual to join our friendly office staff. Duties include typing, filing, phones and general office work. Computer experience helpful. Excellent benefits and pay. Send resume or apply in person. Equal Opportunity Employer. Call for appointment Monday through Friday.
RECEPTIONIST
Growing company seeking an experienced individual to join our friendly office staff. Duties include typing, filing, phones and general office work. Computer experience helpful. Excellent benefits and pay. Send resume or apply in person. Equal Opportunity Employer. Call for appointment Monday through Friday. Growing company seeking an experienced individual to join our friendly office staff. Duties include typing, filing, phones and general office work. Computer experience helpful. Excellent benefits and pay. Send resume or apply in person. Equal Opportunity Employer. Call for appointment Monday through Friday. Growing company seeking an experienced individual to join our friendly office staff. Duties include typing, filing, phones and general office work. Computer experience helpful. Excellent benefits and pay. Send resume or apply in person. Equal Opportunity Employer. Call for appointment Monday through Friday. Growing company seeking an experienced individual to join our friendly office staff. Duties include typing, filing, phones and general office work. Computer experience helpful. Excellent benefits and pay. Send resume or apply in person. Equal Opportunity Employer. Call for appointment Monday through Friday.
RECEPTIONIST
Growing company seeking an experienced individual to join our friendly office staff. Duties include typing, filing, phones and general office work. Computer experience helpful. Excellent benefits and pay. Send resume or apply in person. Equal Opportunity Employer. Call for appointment Monday through Friday. Growing company seeking an experienced individual to join our friendly office staff. Duties include typing, filing, phones and general office work. Computer experience helpful. Excellent benefits and pay. Send resume or apply in person. Equal Opportunity Employer. Call for appointment Monday through Friday. Growing company seeking an experienced individual to join our friendly office staff. Duties include typing, filing, phones and general office work. Computer experience helpful. Excellent benefits and pay. Send resume or apply in person. Equal Opportunity Employer. Call for appointment Monday through Friday. Growing company seeking an experienced individual to join our friendly office staff. Duties include typing, filing, phones and general office work. Computer experience helpful. Excellent benefits and pay. Send resume or apply in person. Equal Opportunity Employer. Call for appointment Monday through Friday. Growing company seeking an experienced individual to join our friendly office staff. Duties include typing, filing, phones and general office work. Computer experience helpful. Excellent benefits and pay. Send resume or apply in person. Equal Opportunity Employer. Call for appointment Monday through Friday.
RECEPTIONIST/SECRETARY
Growing company seeking an experienced individual to join our friendly office staff. Duties include typing, filing, phones and general office work. Computer experience helpful. Excellent benefits and pay. Send resume or apply in person. Equal Opportunity Employer. Call for appointment Monday through Friday. Growing company seeking an experienced individual to join our friendly office staff. Duties include typing, filing, phones and general office work. Computer experience helpful. Excellent benefits and pay. Send resume or apply in person. Equal Opportunity Employer. Call for appointment Monday through Friday.
RECEPTIONIST/CLERICAL
Growing company seeking an experienced individual to join our friendly office staff. Duties include typing, filing, phones and general office work. Computer experience helpful. Excellent benefits and pay. Send resume or apply in person. Equal Opportunity Employer. Call for appointment Monday through Friday. Growing company seeking an experienced individual to join our friendly office staff. Duties include typing, filing, phones and general office work. Computer experience helpful. Excellent benefits and pay. Send resume or apply in person. Equal Opportunity Employer. Call for appointment Monday through Friday. Growing company seeking an experienced individual to join our friendly office staff. Duties include typing, filing, phones and general office work. Computer experience helpful. Excellent benefits and pay. Send resume or apply in person. Equal Opportunity Employer. Call for appointment Monday through Friday.
Receptionist/Secretary
Growing company seeking an experienced individual to join our friendly office staff. Duties include typing, filing, phones and general office work. Computer experience helpful. Excellent benefits and pay. Send resume or apply in person. Equal Opportunity Employer. Call for appointment Monday through Friday. Growing company seeking an experienced individual to join our friendly office staff. Duties include typing, filing, phones and general office work. Computer experience helpful. Excellent benefits and pay. Send resume or apply in person. Equal Opportunity Employer. Call for appointment Monday through Friday. Growing company seeking an experienced individual to join our friendly office staff. Duties include typing, filing, phones and general office work. Computer experience helpful. Excellent benefits and pay. Send resume or apply in person. Equal Opportunity Employer. Call for appointment Monday through Friday. Growing company seeking an experienced individual to join our friendly office staff. Duties include typing, filing, phones and general office work. Computer experience helpful. Excellent benefits and pay. Send resume or apply in person. Equal Opportunity Employer. Call for appointment Monday through Friday.
Growing company seeking an experienced individual to join our friendly office staff. Duties include typing, filing, phones and general office work. Computer experience helpful. Excellent benefits and pay. Send resume or apply in person. Equal Opportunity Employer. Call for appointment Monday through Friday. Growing company seeking an experienced individual to join our friendly office staff. Duties include typing, filing, phones and general office work. Computer experience helpful. Excellent benefits and pay. Send resume or apply in person. Equal Opportunity Employer. Call for appointment Monday through Friday. Growing company seeking an experienced individual to join our friendly office staff. Duties include typing, filing, phones and general office work. Computer experience helpful. Excellent benefits and pay. Send resume or apply in person. Equal Opportunity Employer. Call for appointment Monday through Friday. Growing company seeking an experienced individual to join our friendly office staff. Duties include typing, filing, phones and general office work. Computer experience helpful. Excellent benefits and pay. Send resume or apply in person. Equal Opportunity Employer. Call for appointment Monday through Friday. Growing company seeking an experienced individual to join our friendly office staff. Duties include typing, filing, phones and general office work. Computer experience helpful. Excellent benefits and pay. Send resume or apply in person. Equal Opportunity Employer. Call for appointment Monday through Friday. Growing company seeking an experienced individual to join our friendly office staff. Duties include typing, filing, phones and general office work. Computer experience helpful. Excellent benefits and pay. Send resume or apply in person. Equal Opportunity Employer. Call for appointment Monday through Friday. Growing company seeking an experienced individual to join our friendly office staff. Duties include typing, filing, phones and general office work. Computer experience helpful. Excellent benefits and pay. Send resume or apply in person. Equal Opportunity Employer. Call for appointment Monday through Friday. Growing company seeking an experienced individual to join our friendly office staff. Duties include typing, filing, phones and general office work. Computer experience helpful. Excellent benefits and pay. Send resume or apply in person. Equal Opportunity Employer. Call for appointment Monday through Friday. Growing company seeking an experienced individual to join our friendly office staff. Duties include typing, filing, phones and general office work. Computer experience helpful. Excellent benefits and pay. Send resume or apply in person. Equal Opportunity Employer. Call for appointment Monday through Friday. Growing company seeking an experienced individual to join our friendly office staff. Duties include typing, filing, phones and general office work. Computer experience helpful. Excellent benefits and pay. Send resume or apply in person. Equal Opportunity Employer. Call for appointment Monday through Friday. Growing company seeking an experienced individual to join our friendly office staff. Duties include typing, filing, phones and general office work. Computer experience helpful. Excellent benefits and pay. Send resume or apply in person. Equal Opportunity Employer. Call for appointment Monday through Friday. Growing company seeking an experienced individual to join our friendly office staff. Duties include typing, filing, phones and general office work. Computer experience helpful. Excellent benefits and pay. Send resume or apply in person. Equal Opportunity Employer. Call for appointment Monday through Friday. Growing company seeking an experienced individual to join our friendly office staff. Duties include typing, filing, phones and general office work. Computer experience helpful. Excellent benefits and pay. Send resume or apply in person. Equal Opportunity Employer. Call for appointment Monday through Friday. Growing company seeking an experienced individual to join our friendly office staff. Duties include typing, filing, phones and general office work. Computer experience helpful. Excellent benefits and pay. Send resume or apply in person. Equal Opportunity Employer. Call for appointment Monday through Friday. Growing company seeking an experienced individual to join our friendly office staff. Duties include typing, filing, phones and general office work. Computer experience helpful. Excellent benefits and pay. Send resume or apply in person. Equal Opportunity Employer. Call for appointment Monday through Friday. Growing company seeking an experienced individual to join our friendly office staff. Duties include typing, filing, phones and general office work. Computer experience helpful. Excellent benefits and pay. Send resume or apply in person. Equal Opportunity Employer. Call for appointment Monday through Friday. Growing company seeking an experienced individual to join our friendly office staff. Duties include typing, filing, phones and general office work. Computer experience helpful. Excellent benefits and pay. Send resume or apply in person. Equal Opportunity Employer. Call for appointment Monday through Friday. Growing company seeking an experienced individual to join our friendly office staff. Duties include typing, filing, phones and general office work. Computer experience helpful. Excellent benefits and pay. Send resume or apply in person. Equal Opportunity Employer. Call for appointment Monday through Friday. Growing company seeking an experienced individual to join our friendly office staff. Duties include typing, filing, phones and general office work. Computer experience helpful. Excellent benefits and pay. Send resume or apply in person. Equal Opportunity Employer. Call for appointment Monday through Friday. Growing company seeking an experienced individual to join our friendly office staff. Duties include typing, filing, phones and general office work. Computer experience helpful. Excellent benefits and pay. Send resume or apply in person. Equal Opportunity Employer. Call for appointment Monday through Friday. Growing company seeking an experienced individual to join our friendly office staff. Duties include typing, filing, phones and general office work. Computer experience helpful. Excellent benefits and pay. Send resume or apply in person. Equal Opportunity Employer. Call for appointment Monday through Friday. Growing company seeking an experienced individual to join our friendly office staff. Duties include typing, filing, phones and general office work. Computer experience helpful. Excellent benefits and pay. Send resume or apply in person. Equal Opportunity Employer. Call for appointment Monday through Friday. Growing company seeking an experienced individual to join our friendly office staff. Duties include typing, filing, phones and general office work. Computer experience helpful. Excellent benefits and pay. Send resume or apply in person. Equal Opportunity Employer. Call for appointment Monday through Friday. Growing company seeking an experienced individual to join our friendly office staff. Duties include typing, filing, phones and general office work. Computer experience helpful. Excellent benefits and pay. Send resume or apply in person. Equal Opportunity Employer. Call for appointment Monday through Friday. Growing company seeking an experienced individual to join our friendly office staff. Duties include typing, filing, phones and general office work. Computer experience helpful. Excellent benefits and pay. Send resume or apply in person. Equal Opportunity Employer. Call for appointment Monday through Friday. Growing company seeking an experienced individual to join our friendly office staff. Duties include typing, filing, phones and general office work. Computer experience helpful. Excellent benefits and pay. Send resume or apply in person. Equal Opportunity Employer. Call for appointment Monday through Friday. Growing company seeking an experienced individual to join our friendly office staff. Duties include typing, filing, phones and general office work. Computer experience helpful. Excellent benefits and pay. Send resume or apply in person. Equal Opportunity Employer. Call for appointment Monday through Friday. Growing company seeking an experienced individual to join our friendly office staff. Duties include typing, filing, phones and general office work. Computer experience helpful. Excellent benefits and pay. Send resume or apply in person. Equal Opportunity Employer. Call for appointment Monday through Friday. Growing company seeking an experienced individual to join our friendly office staff. Duties include typing, filing, phones and general office work. Computer experience helpful. Excellent benefits and pay. Send resume or apply in person. Equal Opportunity Employer. Call for appointment Monday through Friday. Growing company seeking an experienced individual to join our friendly office staff. Duties include typing, filing, phones and general office work. Computer experience helpful. Excellent benefits and pay. Send resume or apply in person. Equal Opportunity Employer. Call for appointment Monday through Friday.
502 Help Wanted-Clerical Office
RECEPTIONIST SECRETARY
Growing company seeking an experienced individual to join our friendly office staff. Duties include typing, filing, phones and general office work. Computer experience helpful. Excellent benefits and pay. Send resume or apply in person. Equal Opportunity Employer. Call for appointment Monday through Friday. Growing company seeking an experienced individual to join our friendly office staff. Duties include typing, filing, phones and general office work. Computer experience helpful. Excellent benefits and pay. Send resume or apply in person. Equal Opportunity Employer. Call for appointment Monday through Friday. Growing company seeking an experienced individual to join our friendly office staff. Duties include typing, filing, phones and general office work. Computer experience helpful. Excellent benefits and pay. Send resume or apply in person. Equal Opportunity Employer. Call for appointment Monday through Friday.
RECEPTIONIST SECRETARY
Growing company seeking an experienced individual to join our friendly office staff. Duties include typing, filing, phones and general office work. Computer experience helpful. Excellent benefits and pay. Send resume or apply in person. Equal Opportunity Employer. Call for appointment Monday through Friday. Growing company seeking an experienced individual to join our friendly office staff. Duties include typing, filing, phones and general office work. Computer experience helpful. Excellent benefits and pay. Send resume or apply in person. Equal Opportunity Employer. Call for appointment Monday through Friday. Growing company seeking an experienced individual to join our friendly office staff. Duties include typing, filing, phones and general office work. Computer experience helpful. Excellent benefits and pay. Send resume or apply in person. Equal Opportunity Employer. Call for appointment Monday through Friday. Growing company seeking an experienced individual to join our friendly office staff. Duties include typing, filing, phones and general office work. Computer experience helpful. Excellent benefits and pay. Send resume or apply in person. Equal Opportunity Employer. Call for appointment Monday through Friday.
THE HMS CO
Growing company seeking an experienced individual to join our friendly office staff. Duties include typing, filing, phones and general office work. Computer experience helpful. Excellent benefits and pay. Send resume or apply in person. Equal Opportunity Employer. Call for appointment Monday through Friday. Growing company seeking an experienced individual to join our friendly office staff. Duties include typing, filing, phones and general office work. Computer experience helpful. Excellent benefits and pay. Send resume or apply in person. Equal Opportunity Employer. Call for appointment Monday through Friday. Growing company seeking an experienced individual to join our friendly office staff. Duties include typing, filing, phones and general office work. Computer experience helpful. Excellent benefits and pay. Send resume or apply in person. Equal Opportunity Employer. Call for appointment Monday through Friday. Growing company seeking an experienced individual to join our friendly office staff. Duties include typing, filing, phones and general office work. Computer experience helpful. Excellent benefits and pay. Send resume or apply in person. Equal Opportunity Employer. Call for appointment Monday through Friday. Growing company seeking an experienced individual to join our friendly office staff. Duties include typing, filing, phones and general office work. Computer experience helpful. Excellent benefits and pay. Send resume or apply in person. Equal Opportunity Employer. Call for appointment Monday through Friday.
RECEPTIONIST
Growing company seeking an experienced individual to join our friendly office staff. Duties include typing, filing, phones and general office work. Computer experience helpful. Excellent benefits and pay. Send resume or apply in person. Equal Opportunity Employer. Call for appointment Monday through Friday. Growing company seeking an experienced individual to join our friendly office staff. Duties include typing, filing, phones and general office work. Computer experience helpful. Excellent benefits and pay. Send resume or apply in person. Equal Opportunity Employer. Call for appointment Monday through Friday.
Receptionist
Growing company seeking an experienced individual to join our friendly office staff. Duties include typing, filing, phones and general office work. Computer experience helpful. Excellent benefits and pay. Send resume or apply in person. Equal Opportunity Employer. Call for appointment Monday through Friday. Growing company seeking an experienced individual to join our friendly office staff. Duties include typing, filing, phones and general office work. Computer experience helpful. Excellent benefits and pay. Send resume or apply in person. Equal Opportunity Employer. Call for appointment Monday through Friday. Growing company seeking an experienced individual to join our friendly office staff. Duties include typing, filing, phones and general office work. Computer experience helpful. Excellent benefits and pay. Send resume or apply in person. Equal Opportunity Employer. Call for appointment Monday through Friday.
OFFICETEAM
Growing company seeking an experienced individual to join our friendly office staff. Duties include typing, filing, phones and general office work. Computer experience helpful. Excellent benefits and pay. Send resume or apply in person. Equal Opportunity Employer. Call for appointment Monday through Friday. Growing company seeking an experienced individual to join our friendly office staff. Duties include typing, filing, phones and general office work. Computer experience helpful. Excellent benefits and pay. Send resume or apply in person. Equal Opportunity Employer. Call for appointment Monday through Friday. Growing company seeking an experienced individual to join our friendly office staff. Duties include typing, filing, phones and general office work. Computer experience helpful. Excellent benefits and pay. Send resume or apply in person. Equal Opportunity Employer. Call for appointment Monday through Friday. Growing company seeking an experienced individual to join our friendly office staff. Duties include typing, filing, phones and general office work. Computer experience helpful. Excellent benefits and pay. Send resume or apply in person. Equal Opportunity Employer. Call for appointment Monday through Friday.
RECEPTIONIST
Growing company seeking an experienced individual to join our friendly office staff. Duties include typing, filing, phones and general office work. Computer experience helpful. Excellent benefits and pay. Send resume or apply in person. Equal Opportunity Employer. Call for appointment Monday through Friday. Growing company seeking an experienced individual to join our friendly office staff. Duties include typing, filing, phones and general office work. Computer experience helpful. Excellent benefits and pay. Send resume or apply in person. Equal Opportunity Employer. Call for appointment Monday through Friday. Growing company seeking an experienced individual to join our friendly office staff. Duties include typing, filing, phones and general office work. Computer experience helpful. Excellent benefits and pay. Send resume or apply in person. Equal Opportunity Employer. Call for appointment Monday through Friday. Growing company seeking an experienced individual to join our friendly office staff. Duties include typing, filing, phones and general office work. Computer experience helpful. Excellent benefits and pay. Send resume or apply in person. Equal Opportunity Employer. Call for appointment Monday through Friday. Growing company seeking an experienced individual to join our friendly office staff. Duties include typing, filing, phones and general office work. Computer experience helpful. Excellent benefits and pay. Send resume or apply in person. Equal Opportunity Employer. Call for appointment Monday through Friday.
Sales Assistant
Growing company seeking an experienced individual to join our friendly office staff. Duties include typing, filing, phones and general office work. Computer experience helpful. Excellent benefits and pay. Send resume or apply in person. Equal Opportunity Employer. Call for appointment Monday through Friday. Growing company seeking an experienced individual to join our friendly office staff. Duties include typing, filing, phones and general office work. Computer experience helpful. Excellent benefits and pay. Send resume or apply in person. Equal Opportunity Employer. Call for appointment Monday through Friday.
SECRETARIAL POSITION
Growing company seeking an experienced individual to join our friendly office staff. Duties include typing, filing, phones and general office work. Computer experience helpful. Excellent benefits and pay. Send resume or apply in person. Equal Opportunity Employer. Call for appointment Monday through Friday. Growing company seeking an experienced individual to join our friendly office staff. Duties include typing, filing, phones and general office work. Computer experience helpful. Excellent benefits and pay. Send resume or apply in person. Equal Opportunity Employer. Call for appointment Monday through Friday. Growing company seeking an experienced individual to join our friendly office staff. Duties include typing, filing, phones and general office work. Computer experience helpful. Excellent benefits and pay. Send resume or apply in person. Equal Opportunity Employer. Call for appointment Monday through Friday.
SECRETARIES SUBSTITUTES
Growing company seeking an experienced individual to join our friendly office staff. Duties include typing, filing, phones and general office work. Computer experience helpful. Excellent benefits and pay. Send resume or apply in person. Equal Opportunity Employer. Call for appointment Monday through Friday. Growing company seeking an experienced individual to join our friendly office staff. Duties include typing, filing, phones and general office work. Computer experience helpful. Excellent benefits and pay. Send resume or apply in person. Equal Opportunity Employer. Call for appointment Monday through Friday. Growing company seeking an experienced individual to join our friendly office staff. Duties include typing, filing, phones and general office work. Computer experience helpful. Excellent benefits and pay. Send resume or apply in person. Equal Opportunity Employer. Call for appointment Monday through Friday. Growing company seeking an experienced individual to join our friendly office staff. Duties include typing, filing, phones and general office work. Computer experience helpful. Excellent benefits and pay. Send resume or apply in person. Equal Opportunity Employer. Call for appointment Monday through Friday.
Secretaries Temporary (5)
Growing company seeking an experienced individual to join our friendly office staff. Duties include typing, filing, phones and general office work. Computer experience helpful. Excellent benefits and pay. Send resume or apply in person. Equal Opportunity Employer. Call for appointment Monday through Friday. Growing company seeking an experienced individual to join our friendly office staff. Duties include typing, filing, phones and general office work. Computer experience helpful. Excellent benefits and pay. Send resume or apply in person. Equal Opportunity Employer. Call for appointment Monday through Friday. Growing company seeking an experienced individual to join our friendly office staff. Duties include typing, filing, phones and general office work. Computer experience helpful. Excellent benefits and pay. Send resume or apply in person. Equal Opportunity Employer. Call for appointment Monday through Friday. Growing company seeking an experienced individual to join our friendly office staff. Duties include typing, filing, phones and general office work. Computer experience helpful. Excellent benefits and pay. Send resume or apply in person. Equal Opportunity Employer. Call for appointment Monday through Friday. Growing company seeking an experienced individual to join our friendly office staff. Duties include typing, filing, phones and general office work. Computer experience helpful. Excellent benefits and pay. Send resume or apply in person. Equal Opportunity Employer. Call for appointment Monday through Friday.
SECRETARY
Growing company seeking an experienced individual to join our friendly office staff. Duties include typing, filing, phones and general office work. Computer experience helpful. Excellent benefits and pay. Send resume or apply in person. Equal Opportunity Employer. Call for appointment Monday through Friday. Growing company seeking an experienced individual to join our friendly office staff. Duties include typing, filing, phones and general office work. Computer experience helpful. Excellent benefits and pay. Send resume or apply in person. Equal Opportunity Employer. Call for appointment Monday through Friday.
SECRETARY BOOKKEEPER
Growing company seeking an experienced individual to join our friendly office staff. Duties include typing, filing, phones and general office work. Computer experience helpful. Excellent benefits and pay. Send resume or apply in person. Equal Opportunity Employer. Call for appointment Monday through Friday. Growing company seeking an experienced individual to join our friendly office staff. Duties include typing, filing, phones and general office work. Computer experience helpful. Excellent benefits and pay. Send resume or apply in person. Equal Opportunity Employer. Call for appointment Monday through Friday. Growing company seeking an experienced individual to join our friendly office staff. Duties include typing, filing, phones and general office work. Computer experience helpful. Excellent benefits and pay. Send resume or apply in person. Equal Opportunity Employer. Call for appointment Monday through Friday.
Growing company seeking an experienced individual to join our friendly office staff. Duties include typing, filing, phones and general office work. Computer experience helpful. Excellent benefits and pay. Send resume or apply in person. Equal Opportunity Employer. Call for appointment Monday through Friday. Growing company seeking an experienced individual to join our friendly office staff. Duties include typing, filing, phones and general office work. Computer experience helpful. Excellent benefits and pay. Send resume or apply in person. Equal Opportunity Employer. Call for appointment Monday through Friday. Growing company seeking an experienced individual to join our friendly office staff. Duties include typing, filing, phones and general office work. Computer experience helpful. Excellent benefits and pay. Send resume or apply in person. Equal Opportunity Employer. Call for appointment Monday through Friday. Growing company seeking an experienced individual to join our friendly office staff. Duties include typing, filing, phones and general office work. Computer experience helpful. Excellent benefits and pay. Send resume or apply in person. Equal Opportunity Employer. Call for appointment Monday through Friday. Growing company seeking an experienced individual to join our friendly office staff. Duties include typing, filing, phones and general office work. Computer experience helpful. Excellent benefits and pay. Send resume or apply in person. Equal Opportunity Employer. Call for appointment Monday through Friday. Growing company seeking an experienced individual to join our friendly office staff. Duties include typing, filing, phones and general office work. Computer experience helpful. Excellent benefits and pay. Send resume or apply in person. Equal Opportunity Employer. Call for appointment Monday through Friday. Growing company seeking an experienced individual to join our friendly office staff. Duties include typing, filing, phones and general office work. Computer experience helpful. Excellent benefits and pay. Send resume or apply in person. Equal Opportunity Employer. Call for appointment Monday through Friday. Growing company seeking an experienced individual to join our friendly office staff. Duties include typing, filing, phones and general office work. Computer experience helpful. Excellent benefits and pay. Send resume or apply in person. Equal Opportunity Employer. Call for appointment Monday through Friday. Growing company seeking an experienced individual to join our friendly office staff. Duties include typing, filing, phones and general office work. Computer experience helpful. Excellent benefits and pay. Send resume or apply in person. Equal Opportunity Employer. Call for appointment Monday through Friday. Growing company seeking an experienced individual to join our friendly office staff. Duties include typing, filing, phones and general office work. Computer experience helpful. Excellent benefits and pay. Send resume or apply in person. Equal Opportunity Employer. Call for appointment Monday through Friday. Growing company seeking an experienced individual to join our friendly office staff. Duties include typing, filing, phones and general office work. Computer experience helpful. Excellent benefits and pay. Send resume or apply in person. Equal Opportunity Employer. Call for appointment Monday through Friday. Growing company seeking an experienced individual to join our friendly office staff. Duties include typing, filing, phones and general office work. Computer experience helpful. Excellent benefits and pay. Send resume or apply in person. Equal Opportunity Employer. Call for appointment Monday through Friday. Growing company seeking an experienced individual to join our friendly office staff. Duties include typing, filing, phones and general office work. Computer experience helpful. Excellent benefits and pay. Send resume or apply in person. Equal Opportunity Employer. Call for appointment Monday through Friday. Growing company seeking an experienced individual to join our friendly office staff. Duties include typing, filing, phones and general office work. Computer experience helpful. Excellent benefits and pay. Send resume or apply in person. Equal Opportunity Employer. Call for appointment Monday through Friday. Growing company seeking an experienced individual to join our friendly office staff. Duties include typing, filing, phones and general office work. Computer experience helpful. Excellent benefits and pay. Send resume or apply in person. Equal Opportunity Employer. Call for appointment Monday through Friday. Growing company seeking an experienced individual to join our friendly office staff. Duties include typing, filing, phones and general office work. Computer experience helpful. Excellent benefits and pay. Send resume or apply in person. Equal Opportunity Employer. Call for appointment Monday through Friday. Growing company seeking an experienced individual to join our friendly office staff. Duties include typing, filing, phones and general office work. Computer experience helpful. Excellent benefits and pay. Send resume or apply in person. Equal Opportunity Employer. Call for appointment Monday through Friday. Growing company seeking an experienced individual to join our friendly office staff. Duties include typing, filing, phones and general office work. Computer experience helpful. Excellent benefits and pay. Send resume or apply in person. Equal Opportunity Employer. Call for appointment Monday through Friday. Growing company seeking an experienced individual to join our friendly office staff. Duties include typing, filing, phones and general office work. Computer experience helpful. Excellent benefits and pay. Send resume or apply in person. Equal Opportunity Employer. Call for appointment Monday through Friday. Growing company seeking an experienced individual to join our friendly office staff. Duties include typing, filing, phones and general office work. Computer experience helpful. Excellent benefits and pay. Send resume or apply in person. Equal Opportunity Employer. Call for appointment Monday through Friday. Growing company seeking an experienced individual to join our friendly office staff. Duties include typing, filing, phones and general office work. Computer experience helpful. Excellent benefits and pay. Send resume or apply in person. Equal Opportunity Employer. Call for appointment Monday through Friday. Growing company seeking an experienced individual to join our friendly office staff. Duties include typing, filing, phones and general office work. Computer experience helpful. Excellent benefits and pay. Send resume or apply in person. Equal Opportunity Employer. Call for appointment Monday through Friday. Growing company seeking an experienced individual to join our friendly office staff. Duties include typing, filing, phones and general office work. Computer experience helpful. Excellent benefits and pay. Send resume or apply in person. Equal Opportunity Employer. Call for appointment Monday through Friday. Growing company seeking an experienced individual to join our friendly office staff. Duties include typing, filing, phones and general office work. Computer experience helpful. Excellent benefits and pay. Send resume or apply in person. Equal Opportunity Employer. Call for appointment Monday through Friday. Growing company seeking an experienced individual to join our friendly office staff. Duties include typing, filing, phones and general office work. Computer experience helpful. Excellent benefits and pay. Send resume or apply in person. Equal Opportunity Employer. Call for appointment Monday through Friday. Growing company seeking an experienced individual to join our friendly office staff. Duties include typing, filing, phones and general office work. Computer experience helpful. Excellent benefits and pay. Send resume or apply in person. Equal Opportunity Employer. Call for appointment Monday through Friday. Growing company seeking an experienced individual to join our friendly office staff. Duties include typing, filing, phones and general office work. Computer experience helpful. Excellent benefits and pay. Send resume or apply in person. Equal Opportunity Employer. Call for appointment Monday through Friday. Growing company seeking an experienced individual to join our friendly office staff. Duties include typing, filing, phones and general office work. Computer experience helpful. Excellent benefits and pay. Send resume or apply in person. Equal Opportunity Employer. Call for appointment Monday through Friday. Growing company seeking an experienced individual to join our friendly office staff. Duties include typing, filing, phones and general office work. Computer experience helpful. Excellent benefits and pay. Send resume or apply in person. Equal Opportunity Employer. Call for appointment Monday through Friday. Growing company seeking an experienced individual to join our friendly office staff. Duties include typing, filing, phones and general office work. Computer experience helpful. Excellent benefits and pay. Send resume or apply in person. Equal Opportunity Employer. Call for appointment Monday through Friday.
502 Help Wanted-Clerical Office
SECRETARY
Growing company seeking an experienced individual to join our friendly office staff. Duties include typing, filing, phones and general office work. Computer experience helpful. Excellent benefits and pay. Send resume or apply in person. Equal Opportunity Employer. Call for appointment Monday through Friday. Growing company seeking an experienced individual to join our friendly office staff. Duties include typing, filing, phones and general office work. Computer experience helpful. Excellent benefits and pay. Send resume or apply in person. Equal Opportunity Employer. Call for appointment Monday through Friday.
UNIFORCE SERVICES
Growing company seeking an experienced individual to join our friendly office staff. Duties include typing, filing, phones and general office work. Computer experience helpful. Excellent benefits and pay. Send resume or apply in person. Equal Opportunity Employer. Call for appointment Monday through Friday. Growing company seeking an experienced individual to join our friendly office staff. Duties include typing, filing, phones and general office work. Computer experience helpful. Excellent benefits and pay. Send resume or apply in person. Equal Opportunity Employer. Call for appointment Monday through Friday. Growing company seeking an experienced individual to join our friendly office staff. Duties include typing, filing, phones and general office work. Computer experience helpful. Excellent benefits and pay. Send resume or apply in person. Equal Opportunity Employer. Call for appointment Monday through Friday.
SECRETARY
Growing company seeking an experienced individual to join our friendly office staff. Duties include typing, filing, phones and general office work. Computer experience helpful. Excellent benefits and pay. Send resume or apply in person. Equal Opportunity Employer. Call for appointment Monday through Friday. Growing company seeking an experienced individual to join our friendly office staff. Duties include typing, filing, phones and general office work. Computer experience helpful. Excellent benefits and pay. Send resume or apply in person. Equal Opportunity Employer. Call for appointment Monday through Friday. Growing company seeking an experienced individual to join our friendly office staff. Duties include typing, filing, phones and general office work. Computer experience helpful. Excellent benefits and pay. Send resume or apply in person. Equal Opportunity Employer. Call for appointment Monday through Friday. Growing company seeking an experienced individual to join our friendly office staff. Duties include typing, filing, phones and general office work. Computer experience helpful. Excellent benefits and pay. Send resume or apply in person. Equal Opportunity Employer. Call for appointment Monday through Friday.
SECRETARY
Growing company seeking an experienced individual to join our friendly office staff. Duties include typing, filing, phones and general office work. Computer experience helpful. Excellent benefits and pay. Send resume or apply in person. Equal Opportunity Employer. Call for appointment Monday through Friday. Growing company seeking an experienced individual to join our friendly office staff. Duties include typing, filing, phones and general office work. Computer experience helpful. Excellent benefits and pay. Send resume or apply in person. Equal Opportunity Employer. Call for appointment Monday through Friday. Growing company seeking an experienced individual to join our friendly office staff. Duties include typing, filing, phones and general office work. Computer experience helpful. Excellent benefits and pay. Send resume or apply in person. Equal Opportunity Employer. Call for appointment Monday through Friday. Growing company seeking an experienced individual to join our friendly office staff. Duties include typing, filing, phones and general office work. Computer experience helpful. Excellent benefits and pay. Send resume or apply in person. Equal Opportunity Employer. Call for appointment Monday through Friday. Growing company seeking an experienced individual to join our friendly office staff. Duties include typing, filing, phones and general office work. Computer experience helpful. Excellent benefits and pay. Send resume or apply in person. Equal Opportunity Employer. Call for appointment Monday through Friday.
SECRETARY
Growing company seeking an experienced individual to join our friendly office staff. Duties include typing, filing, phones and general office work. Computer experience helpful. Excellent benefits and pay. Send resume or apply in person. Equal Opportunity Employer. Call for appointment Monday through Friday. Growing company seeking an experienced individual to join our friendly office staff. Duties include typing, filing, phones and general office work. Computer experience helpful. Excellent benefits and pay. Send resume or apply in person. Equal Opportunity Employer. Call for appointment Monday through Friday.
SECRETARY
Growing company seeking an experienced individual to join our friendly office staff. Duties include typing, filing, phones and general office work. Computer experience helpful. Excellent benefits and pay. Send resume or apply in person. Equal Opportunity Employer. Call for appointment Monday through Friday. Growing company seeking an experienced individual to join our friendly office staff. Duties include typing, filing, phones and general office work. Computer experience helpful. Excellent benefits and pay. Send resume or apply in person. Equal Opportunity Employer. Call for appointment Monday through Friday. Growing company seeking an experienced individual to join our friendly office staff. Duties include typing, filing, phones and general office work. Computer experience helpful. Excellent benefits and pay. Send resume or apply in person. Equal Opportunity Employer. Call for appointment Monday through Friday.
UNIFORCE SERVICES
Growing company seeking an experienced individual to join our friendly office staff. Duties include typing, filing, phones and general office work. Computer experience helpful. Excellent benefits and pay. Send resume or apply in person. Equal Opportunity Employer. Call for appointment Monday through Friday. Growing company seeking an experienced individual to join our friendly office staff. Duties include typing, filing, phones and general office work. Computer experience helpful. Excellent benefits and pay. Send resume or apply in person. Equal Opportunity Employer. Call for appointment Monday through Friday. Growing company seeking an experienced individual to join our friendly office staff. Duties include typing, filing, phones and general office work. Computer experience helpful. Excellent benefits and pay. Send resume or apply in person. Equal Opportunity Employer. Call for appointment Monday through Friday. Growing company seeking an experienced individual to join our friendly office staff. Duties include typing, filing, phones and general office work. Computer experience helpful. Excellent benefits and pay. Send resume or apply in person. Equal Opportunity Employer. Call for appointment Monday through Friday.
SECRETARY
Growing company seeking an experienced individual to join our friendly office staff. Duties include typing, filing, phones and general office work. Computer experience helpful. Excellent benefits and pay. Send resume or apply in person. Equal Opportunity Employer. Call for appointment Monday through Friday. Growing company seeking an experienced individual to join our friendly office staff. Duties include typing, filing, phones and general office work. Computer experience helpful. Excellent benefits and pay. Send resume or apply in person. Equal Opportunity Employer. Call for appointment Monday through Friday. Growing company seeking an experienced individual to join our friendly office staff. Duties include typing, filing, phones and general office work. Computer experience helpful. Excellent benefits and pay. Send resume or apply in person. Equal Opportunity Employer. Call for appointment Monday through Friday. Growing company seeking an experienced individual to join our friendly office staff. Duties include typing, filing, phones and general office work. Computer experience helpful. Excellent benefits and pay. Send resume or apply in person. Equal Opportunity Employer. Call for appointment Monday through Friday. Growing company seeking an experienced individual to join our friendly office staff. Duties include typing, filing, phones and general office work. Computer experience helpful. Excellent benefits and pay. Send resume or apply in person. Equal Opportunity Employer. Call for appointment Monday through Friday.
Secretary - Part Time
Growing company seeking an experienced individual to join our friendly office staff. Duties include typing, filing, phones and general office work. Computer experience helpful. Excellent benefits and pay. Send resume or apply in person. Equal Opportunity Employer. Call for appointment Monday through Friday. Growing company seeking an experienced individual to join our friendly office staff. Duties include typing, filing, phones and general office work. Computer experience helpful. Excellent benefits and pay. Send resume or apply in person. Equal Opportunity Employer. Call for appointment Monday through Friday.
SECRETARY
Growing company seeking an experienced individual to join our friendly office staff. Duties include typing, filing, phones and general office work. Computer experience helpful. Excellent benefits and pay. Send resume or apply in person. Equal Opportunity Employer. Call for appointment Monday through Friday. Growing company seeking an experienced individual to join our friendly office staff. Duties include typing, filing, phones and general office work. Computer experience helpful. Excellent benefits and pay. Send resume or apply in person. Equal Opportunity Employer. Call for appointment Monday through Friday. Growing company seeking an experienced individual to join our friendly office staff. Duties include typing, filing, phones and general office work. Computer experience helpful. Excellent benefits and pay. Send resume or apply in person. Equal Opportunity Employer. Call for appointment Monday through Friday.
PHYSICIAN RECRUITMENT
Growing company seeking an experienced individual to join our friendly office staff. Duties include typing, filing, phones and general office work. Computer experience helpful. Excellent benefits and pay. Send resume or apply in person. Equal Opportunity Employer. Call for appointment Monday through Friday. Growing company seeking an experienced individual to join our friendly office staff. Duties include typing, filing, phones and general office work. Computer experience helpful. Excellent benefits and pay. Send resume or apply in person. Equal Opportunity Employer. Call for appointment Monday through Friday. Growing company seeking an experienced individual to join our friendly office staff. Duties include typing, filing, phones and general office work. Computer experience helpful. Excellent benefits and pay. Send resume or apply in person. Equal Opportunity Employer. Call for appointment Monday through Friday. Growing company seeking an experienced individual to join our friendly office staff. Duties include typing, filing, phones and general office work. Computer experience helpful. Excellent benefits and pay. Send resume or apply in person. Equal Opportunity Employer. Call for appointment Monday through Friday.
OAKWOOD HEALTHCARE SYSTEM
Growing company seeking an experienced individual to join our friendly office staff. Duties include typing, filing, phones and general office work. Computer experience helpful. Excellent benefits and pay. Send resume or apply in person. Equal Opportunity Employer. Call for appointment Monday through Friday. Growing company seeking an experienced individual to join our friendly office staff. Duties include typing, filing, phones and general office work. Computer experience helpful. Excellent benefits and pay. Send resume or apply in person. Equal Opportunity Employer. Call for appointment Monday through Friday. Growing company seeking an experienced individual to join our friendly office staff. Duties include typing, filing, phones and general office work. Computer experience helpful. Excellent benefits and pay. Send resume or apply in person. Equal Opportunity Employer. Call for appointment Monday through Friday. Growing company seeking an experienced individual to join our friendly office staff. Duties include typing, filing, phones and general office work. Computer experience helpful. Excellent benefits and pay. Send resume or apply in person. Equal Opportunity Employer. Call for appointment Monday through Friday. Growing company seeking an experienced individual to join our friendly office staff. Duties include typing, filing, phones and general office work. Computer experience helpful. Excellent benefits and pay. Send resume or apply in person. Equal Opportunity Employer. Call for appointment Monday through Friday.
SECRETARY
Growing company seeking an experienced individual to join our friendly office staff. Duties include typing, filing, phones and general office work. Computer experience helpful. Excellent benefits and pay. Send resume or apply in person. Equal Opportunity Employer. Call for appointment Monday through Friday. Growing company seeking an experienced individual to join our friendly office staff. Duties include typing, filing, phones and general office work. Computer experience helpful. Excellent benefits and pay. Send resume or apply in person. Equal Opportunity Employer. Call for appointment Monday through Friday.
SECRETARY/RECEPTIONIST
Growing company seeking an experienced individual to join our friendly office staff. Duties include typing, filing, phones and general office work. Computer experience helpful. Excellent benefits and pay. Send resume or apply in person. Equal Opportunity Employer. Call for appointment Monday through Friday. Growing company seeking an experienced individual to join our friendly office staff. Duties include typing, filing, phones and general office work. Computer experience helpful. Excellent benefits and pay. Send resume or apply in person. Equal Opportunity Employer. Call for appointment Monday through Friday. Growing company seeking an experienced individual to join our friendly office staff. Duties include typing, filing, phones and general office work. Computer experience helpful. Excellent benefits and pay. Send resume or apply in person. Equal Opportunity Employer. Call for appointment Monday through Friday.
Growing company seeking an experienced individual to join our friendly office staff. Duties include typing, filing, phones and general office work. Computer experience helpful. Excellent benefits and pay. Send resume or apply in person. Equal Opportunity Employer. Call for appointment Monday through Friday. Growing company seeking an experienced individual to join our friendly office staff. Duties include typing, filing, phones and general office work. Computer experience helpful. Excellent benefits and pay. Send resume or apply in person. Equal Opportunity Employer. Call for appointment Monday through Friday. Growing company seeking an experienced individual to join our friendly office staff. Duties include typing, filing, phones and general office work. Computer experience helpful. Excellent benefits and pay. Send resume or apply in person. Equal Opportunity Employer. Call for appointment Monday through Friday. Growing company seeking an experienced individual to join our friendly office staff. Duties include typing, filing, phones and general office work. Computer experience helpful. Excellent benefits and pay. Send resume or apply in person. Equal Opportunity Employer. Call for appointment Monday through Friday. Growing company seeking an experienced individual to join our friendly office staff. Duties include typing, filing, phones and general office work. Computer experience helpful. Excellent benefits and pay. Send resume or apply in person. Equal Opportunity Employer. Call for appointment Monday through Friday. Growing company seeking an experienced individual to join our friendly office staff. Duties include typing, filing, phones and general office work. Computer experience helpful. Excellent benefits and pay. Send resume or apply in person. Equal Opportunity Employer. Call for appointment Monday through Friday. Growing company seeking an experienced individual to join our friendly office staff. Duties include typing, filing, phones and general office work. Computer experience helpful. Excellent benefits and pay. Send resume or apply in person. Equal Opportunity Employer. Call for appointment Monday through Friday. Growing company seeking an experienced individual to join our friendly office staff. Duties include typing, filing, phones and general office work. Computer experience helpful. Excellent benefits and pay. Send resume or apply in person. Equal Opportunity Employer. Call for appointment Monday through Friday. Growing company seeking an experienced individual to join our friendly office staff. Duties include typing, filing, phones and general office work. Computer experience helpful. Excellent benefits and pay. Send resume or apply in person. Equal Opportunity Employer. Call for appointment Monday through Friday. Growing company seeking an experienced individual to join our friendly office staff. Duties include typing, filing, phones and general office work. Computer experience helpful. Excellent benefits and pay. Send resume or apply in person. Equal Opportunity Employer. Call for appointment Monday through Friday. Growing company seeking an experienced individual to join our friendly office staff. Duties include typing, filing, phones and general office work. Computer experience helpful. Excellent benefits and pay. Send resume or apply in person. Equal Opportunity Employer. Call for appointment Monday through Friday. Growing company seeking an experienced individual to join our friendly office staff. Duties include typing, filing, phones and general office work. Computer experience helpful. Excellent benefits and pay. Send resume or apply in person. Equal Opportunity Employer. Call for appointment Monday through Friday. Growing company seeking an experienced individual to join our friendly office staff. Duties include typing, filing, phones and general office work. Computer experience helpful. Excellent benefits and pay. Send resume or apply in person. Equal Opportunity Employer. Call for appointment Monday through Friday. Growing company seeking an experienced individual to join our friendly office staff. Duties include typing, filing, phones and general office work. Computer experience helpful. Excellent benefits and pay. Send resume or apply in person. Equal Opportunity Employer. Call for appointment Monday through Friday. Growing company seeking an experienced individual to join our friendly office staff. Duties include typing, filing, phones and general office work. Computer experience helpful. Excellent benefits and pay. Send resume or apply in person. Equal Opportunity Employer. Call for appointment Monday through Friday. Growing company seeking an experienced individual to join our friendly office staff. Duties include typing, filing, phones and general office work. Computer experience helpful. Excellent benefits and pay. Send resume or apply in person. Equal Opportunity Employer. Call for appointment Monday through Friday. Growing company seeking an experienced individual to join our friendly office staff. Duties include typing, filing, phones and general office work. Computer experience helpful. Excellent benefits and pay. Send resume or apply in person. Equal Opportunity Employer. Call for appointment Monday through Friday. Growing company seeking an experienced individual to join our friendly office staff. Duties include typing, filing, phones and general office work. Computer experience helpful. Excellent benefits and pay. Send resume or apply in person. Equal Opportunity Employer. Call for appointment Monday through Friday. Growing company seeking an experienced individual to join our friendly office staff. Duties include typing, filing, phones and general office work. Computer experience helpful. Excellent benefits and pay. Send resume or apply in person. Equal Opportunity Employer. Call for appointment Monday through Friday. Growing company seeking an experienced individual to join our friendly office staff. Duties include typing, filing, phones and general office work. Computer experience helpful. Excellent benefits and pay. Send resume or apply in person. Equal Opportunity Employer. Call for appointment Monday through Friday. Growing company seeking an experienced individual to join our friendly office staff. Duties include typing, filing, phones and general office work. Computer experience helpful. Excellent benefits and pay. Send resume or apply in person. Equal Opportunity Employer. Call for appointment Monday through Friday. Growing company seeking an experienced individual to join our friendly office staff. Duties include typing, filing, phones and general office work. Computer experience helpful. Excellent benefits and pay. Send resume or apply in person. Equal Opportunity Employer. Call for appointment Monday through Friday. Growing company seeking an experienced individual to join our friendly office staff. Duties include typing, filing, phones and general office work. Computer experience helpful. Excellent benefits and pay. Send resume or apply in person. Equal Opportunity Employer. Call for appointment Monday through Friday. Growing company seeking an experienced individual to join our friendly office staff. Duties include typing, filing, phones and general office work. Computer experience helpful. Excellent benefits and pay. Send resume or apply in person. Equal Opportunity Employer. Call for appointment Monday through Friday. Growing company seeking an experienced individual to join our friendly office staff. Duties include typing, filing, phones and general office work. Computer experience helpful. Excellent benefits and pay. Send resume or apply in person. Equal Opportunity Employer. Call for appointment Monday through Friday. Growing company seeking an experienced individual to join our friendly office staff. Duties include typing, filing, phones and general office work. Computer experience helpful. Excellent benefits and pay. Send resume or apply in person. Equal Opportunity Employer. Call for appointment Monday through Friday. Growing company seeking an experienced individual to join our friendly office staff. Duties include typing, filing, phones and general office work. Computer experience helpful. Excellent benefits and pay. Send resume or apply in person. Equal Opportunity Employer. Call for appointment Monday through Friday. Growing company seeking an experienced individual to join our friendly office staff. Duties include typing, filing, phones and general office work. Computer experience helpful. Excellent benefits and pay. Send resume or apply in person. Equal Opportunity Employer. Call for appointment Monday through Friday. Growing company seeking an experienced individual to join our friendly office staff. Duties include typing, filing, phones and general office work. Computer experience helpful. Excellent benefits and pay. Send resume or apply in person. Equal Opportunity Employer. Call for appointment Monday through Friday. Growing company seeking an experienced individual to join our friendly office staff. Duties include typing, filing, phones and general office work. Computer experience helpful. Excellent benefits and pay. Send resume or apply in person. Equal Opportunity Employer. Call for appointment Monday through Friday.
502 Help Wanted-Clerical Office
SECRETARY RECEPTIONIST
Growing company seeking an experienced individual to join our friendly office staff. Duties include typing, filing, phones and general office work. Computer experience helpful. Excellent benefits and pay. Send resume or apply in person. Equal Opportunity Employer. Call for appointment Monday through Friday. Growing company seeking an experienced individual to join our friendly office staff. Duties include typing, filing, phones and general office work. Computer experience helpful. Excellent benefits and pay. Send resume or apply in person. Equal Opportunity Employer. Call for appointment Monday through Friday. Growing company seeking an experienced individual to join our friendly office staff. Duties include typing, filing, phones and general office work. Computer experience helpful. Excellent benefits and pay. Send resume or apply in person. Equal Opportunity Employer. Call for appointment Monday through Friday. Growing company seeking an experienced individual to join our friendly office staff. Duties include typing, filing, phones and general office work. Computer experience helpful. Excellent benefits and pay. Send resume or apply in person. Equal Opportunity Employer. Call for appointment Monday through Friday. Growing company seeking an experienced individual to join our friendly office staff. Duties include typing, filing, phones and general office work. Computer experience helpful. Excellent benefits and pay. Send resume or apply in person. Equal Opportunity Employer. Call for appointment Monday through Friday.
SECRETARY WANTED
Growing company seeking an experienced individual to join our friendly office staff. Duties include typing, filing, phones and general office work. Computer experience helpful. Excellent benefits and pay. Send resume or apply in person. Equal Opportunity Employer. Call for appointment Monday through Friday. Growing company seeking an experienced individual to join our friendly office staff. Duties include typing, filing, phones and general office work. Computer experience helpful. Excellent benefits and pay. Send resume or apply in person. Equal Opportunity Employer. Call for appointment Monday through Friday.
810-473-1200
Growing company seeking an experienced individual to join our friendly office staff. Duties include typing, filing, phones and general office work. Computer experience helpful. Excellent benefits and pay. Send resume or apply in person. Equal Opportunity Employer. Call for appointment Monday through Friday. Growing company seeking an experienced individual to join our friendly office staff. Duties include typing, filing, phones and general office work. Computer experience helpful. Excellent benefits and pay. Send resume or apply in person. Equal Opportunity Employer. Call for appointment Monday through Friday. Growing company seeking an experienced individual to join our friendly office staff. Duties include typing, filing, phones and general office work. Computer experience helpful. Excellent benefits and pay. Send resume or apply in person. Equal Opportunity Employer. Call for appointment Monday through Friday.
SECRETARY $20,000
Growing company seeking an experienced individual to join our friendly office staff. Duties include typing, filing, phones and general office work. Computer experience helpful. Excellent benefits and pay. Send resume or apply in person. Equal Opportunity Employer. Call for appointment Monday through Friday. Growing company seeking an experienced individual to join our friendly office staff. Duties include typing, filing, phones and general office work. Computer experience helpful. Excellent benefits and pay. Send resume or apply in person. Equal Opportunity Employer. Call for appointment Monday through Friday. Growing company seeking an experienced individual to join our friendly office staff. Duties include typing, filing, phones and general office work. Computer experience helpful. Excellent benefits and pay. Send resume or apply in person. Equal Opportunity Employer. Call for appointment Monday through Friday. Growing company seeking an experienced individual to join our friendly office staff. Duties include typing, filing, phones and general office work. Computer experience helpful. Excellent benefits and pay. Send resume or apply in person. Equal Opportunity Employer. Call for appointment Monday through Friday.
SENIOR SECRETARY
Growing company seeking an experienced individual to join our friendly office staff. Duties include typing, filing, phones and general office work. Computer experience helpful. Excellent benefits and pay. Send resume or apply in person. Equal Opportunity Employer. Call for appointment Monday through Friday. Growing company seeking an experienced individual to join our friendly office staff. Duties include typing, filing, phones and general office work. Computer experience helpful. Excellent benefits and pay. Send resume or apply in person. Equal Opportunity Employer. Call for appointment Monday through Friday. Growing company seeking an experienced individual to join our friendly office staff. Duties include typing, filing, phones and general office work. Computer experience helpful. Excellent benefits and pay. Send resume or apply in person. Equal Opportunity Employer. Call for appointment Monday through Friday. Growing company seeking an experienced individual to join our friendly office staff. Duties include typing, filing, phones and general office work. Computer experience helpful. Excellent benefits and pay. Send resume or apply in person. Equal Opportunity Employer. Call for appointment Monday through Friday. Growing company seeking an experienced individual to join our friendly office staff. Duties include typing, filing, phones and general office work. Computer experience helpful. Excellent benefits and pay. Send resume or apply in person. Equal Opportunity Employer. Call for appointment Monday through Friday.
SERVICE COORDINATOR
Growing company seeking an experienced individual to join our friendly office staff. Duties include typing, filing, phones and general office work. Computer experience helpful. Excellent benefits and pay. Send resume or apply in person. Equal Opportunity Employer. Call for appointment Monday through Friday. Growing company seeking an experienced individual to join our friendly office staff. Duties include typing, filing, phones and general office work. Computer experience helpful. Excellent benefits and pay. Send resume or apply in person. Equal Opportunity Employer. Call for appointment Monday through Friday.
SUPPORT STAFF
Growing company seeking an experienced individual to join our friendly office staff. Duties include typing, filing, phones and general office work. Computer experience helpful. Excellent benefits and pay. Send resume or apply in person. Equal Opportunity Employer. Call for appointment Monday through Friday. Growing company seeking an experienced individual to join our friendly office staff. Duties include typing, filing, phones and general office work. Computer experience helpful. Excellent benefits and pay. Send resume or apply in person. Equal Opportunity Employer. Call for appointment Monday through Friday. Growing company seeking an experienced individual to join our friendly office staff. Duties include typing, filing, phones and general office work. Computer experience helpful. Excellent benefits and pay. Send resume or apply in person. Equal Opportunity Employer. Call for appointment Monday through Friday.
TELEPHONE CUSTOMER SERVICE
Growing company seeking an experienced individual to join our friendly office staff. Duties include typing, filing, phones and general office work. Computer experience helpful. Excellent benefits and pay. Send resume or apply in person. Equal Opportunity Employer. Call for appointment Monday through Friday. Growing company seeking an experienced individual to join our friendly office staff. Duties include typing, filing, phones and general office work. Computer experience helpful. Excellent benefits and pay. Send resume or apply in person. Equal Opportunity Employer. Call for appointment Monday through Friday. Growing company seeking an experienced individual to join our friendly office staff. Duties include typing, filing, phones and general office work. Computer experience helpful. Excellent benefits and pay. Send resume or apply in person. Equal Opportunity Employer. Call for appointment Monday through Friday. Growing company seeking an experienced individual to join our friendly office staff. Duties include typing, filing, phones and general office work. Computer experience helpful. Excellent benefits and pay. Send resume or apply in person. Equal Opportunity Employer. Call for appointment Monday through Friday.
TELEPHONE INTERVIEWERS
Growing company seeking an experienced individual to join our friendly office staff. Duties include typing, filing, phones and general office work. Computer experience helpful. Excellent benefits and pay. Send resume or apply in person. Equal Opportunity Employer. Call for appointment Monday through Friday. Growing company seeking an experienced individual to join our friendly office staff. Duties include typing, filing, phones and general office work. Computer experience helpful. Excellent benefits and pay. Send resume or apply in person. Equal Opportunity Employer. Call for appointment Monday through Friday. Growing company seeking an experienced individual to join our friendly office staff. Duties include typing, filing, phones and general office work. Computer experience helpful. Excellent benefits and pay. Send resume or apply in person. Equal Opportunity Employer. Call for appointment Monday through Friday. Growing company seeking an experienced individual to join our friendly office staff. Duties include typing, filing, phones and general office work. Computer experience helpful. Excellent benefits and pay. Send resume or apply in person. Equal Opportunity Employer. Call for appointment Monday through Friday. Growing company seeking an experienced individual to join our friendly office staff. Duties include typing, filing, phones and general office work. Computer experience helpful. Excellent benefits and pay. Send resume or apply in person. Equal Opportunity Employer. Call for appointment Monday through Friday.
TELEPHONE TRAFFIC
Growing company seeking an experienced individual to join our friendly office staff. Duties include typing, filing, phones and general office work. Computer experience helpful. Excellent benefits and pay. Send resume or apply in person. Equal Opportunity Employer. Call for appointment Monday through Friday. Growing company seeking an experienced individual to join our friendly office staff. Duties include typing, filing, phones and general office work. Computer experience helpful. Excellent benefits and pay. Send resume or apply in person. Equal Opportunity Employer. Call for appointment Monday through Friday.
TITLE CLERK
Growing company seeking an experienced individual to join our friendly office staff. Duties include typing, filing, phones and general office work. Computer experience helpful. Excellent benefits and pay. Send resume or apply in person. Equal Opportunity Employer. Call for appointment Monday through Friday. Growing company seeking an experienced individual to join our friendly office staff. Duties include typing, filing, phones and general office work. Computer experience helpful. Excellent benefits and pay. Send resume or apply in person. Equal Opportunity Employer. Call for appointment Monday through Friday. Growing company seeking an experienced individual to join our friendly office staff. Duties include typing, filing, phones and general office work. Computer experience helpful. Excellent benefits and pay. Send resume or apply in person. Equal Opportunity Employer. Call for appointment Monday through Friday.
TRAINING CONSULTANT
Growing company seeking an experienced individual to join our friendly office staff. Duties include typing, filing, phones and general office work. Computer experience helpful. Excellent benefits and pay. Send resume or apply in person. Equal Opportunity Employer. Call for appointment Monday through Friday. Growing company seeking an experienced individual to join our friendly office staff. Duties include typing, filing, phones and general office work. Computer experience helpful. Excellent benefits and pay. Send resume or apply in person. Equal Opportunity Employer. Call for appointment Monday through Friday. Growing company seeking an experienced individual to join our friendly office staff. Duties include typing, filing, phones and general office work. Computer experience helpful. Excellent benefits and pay. Send resume or apply in person. Equal Opportunity Employer. Call for appointment Monday through Friday. Growing company seeking an experienced individual to join our friendly office staff. Duties include typing, filing, phones and general office work. Computer experience helpful. Excellent benefits and pay. Send resume or apply in person. Equal Opportunity Employer. Call for appointment Monday through Friday.
TWO IMMEDIATE OPENINGS
Growing company seeking an experienced individual to join our friendly office staff. Duties include typing, filing, phones and general office work. Computer experience helpful. Excellent benefits and pay. Send resume or apply in person. Equal Opportunity Employer. Call for appointment Monday through Friday. Growing company seeking an experienced individual to join our friendly office staff. Duties include typing, filing, phones and general office work. Computer experience helpful. Excellent benefits and pay. Send resume or apply in person. Equal Opportunity Employer. Call for appointment Monday through Friday. Growing company seeking an experienced individual to join our friendly office staff. Duties include typing, filing, phones and general office work. Computer experience helpful. Excellent benefits and pay. Send resume or apply in person. Equal Opportunity Employer. Call for appointment Monday through Friday. Growing company seeking an experienced individual to join our friendly office staff. Duties include typing, filing, phones and general office work. Computer experience helpful. Excellent benefits and pay. Send resume or apply in person. Equal Opportunity Employer. Call for appointment Monday through Friday. Growing company seeking an experienced individual to join our friendly office staff. Duties include typing, filing, phones and general office work. Computer experience helpful. Excellent benefits and pay. Send resume or apply in person. Equal Opportunity Employer. Call for appointment Monday through Friday.
Growing company seeking an experienced individual to join our friendly office staff. Duties include typing, filing, phones and general office work. Computer experience helpful. Excellent benefits and pay. Send resume or apply in person. Equal Opportunity Employer. Call for appointment Monday through Friday. Growing company seeking an experienced individual to join our friendly office staff. Duties include typing, filing, phones and general office work. Computer experience helpful. Excellent benefits and pay. Send resume or apply in person. Equal Opportunity Employer. Call for appointment Monday through Friday. Growing company seeking an experienced individual to join our friendly office staff. Duties include typing, filing, phones and general office work. Computer experience helpful. Excellent benefits and pay. Send resume or apply in person. Equal Opportunity Employer. Call for appointment Monday through Friday. Growing company seeking an experienced individual to join our friendly office staff. Duties include typing, filing, phones and general office work. Computer experience helpful. Excellent benefits and pay. Send resume or apply in person. Equal Opportunity Employer. Call for appointment Monday through Friday. Growing company seeking an experienced individual to join our friendly office staff. Duties include typing, filing, phones and general office work. Computer experience helpful. Excellent benefits and pay. Send resume or apply in person. Equal Opportunity Employer. Call for appointment Monday through Friday. Growing company seeking an experienced individual to join our friendly office staff. Duties include typing, filing, phones and general office work. Computer experience helpful. Excellent benefits and pay. Send resume or apply in person. Equal Opportunity Employer. Call for appointment Monday through Friday. Growing company seeking an experienced individual to join our friendly office staff. Duties include typing, filing, phones and general office work. Computer experience helpful. Excellent benefits and pay. Send resume or apply in person. Equal Opportunity Employer. Call for appointment Monday through Friday. Growing company seeking an experienced individual to join our friendly office staff. Duties include typing, filing, phones and general office work. Computer experience helpful. Excellent benefits and pay. Send resume or apply in person. Equal Opportunity Employer. Call for appointment Monday through Friday. Growing company seeking an experienced individual to join our friendly office staff. Duties include typing, filing, phones and general office work. Computer experience helpful. Excellent benefits and pay. Send resume or apply in person. Equal Opportunity Employer. Call for appointment Monday through Friday. Growing company seeking an experienced individual to join our friendly office staff. Duties include typing, filing, phones and general office work. Computer experience helpful. Excellent benefits and pay. Send resume or apply in person. Equal Opportunity Employer. Call for appointment Monday through Friday. Growing company seeking an experienced individual to join our friendly office staff. Duties include typing, filing, phones and general office work. Computer experience helpful. Excellent benefits and pay. Send resume or apply in person. Equal Opportunity Employer. Call for appointment Monday through Friday. Growing company seeking an experienced individual to join our friendly office staff. Duties include typing, filing, phones and general office work. Computer experience helpful. Excellent benefits and pay. Send resume or apply in person. Equal Opportunity Employer. Call for appointment Monday through Friday. Growing company seeking an experienced individual to join our friendly office staff. Duties include typing, filing, phones and general office work. Computer experience helpful. Excellent benefits and pay. Send resume or apply in person. Equal Opportunity Employer. Call for appointment Monday through Friday. Growing company seeking an experienced individual to join our friendly office staff. Duties include typing, filing, phones and general office work. Computer experience helpful. Excellent benefits and pay. Send resume or apply in person. Equal Opportunity Employer. Call for appointment Monday through Friday. Growing company seeking an experienced individual to join our friendly office staff. Duties include typing, filing, phones and general office work. Computer experience helpful. Excellent benefits and pay. Send resume or apply in person. Equal Opportunity Employer. Call for appointment Monday through Friday. Growing company seeking an experienced individual to join our friendly office staff. Duties include typing, filing, phones and general office work. Computer experience helpful. Excellent benefits and pay. Send resume or apply in person. Equal Opportunity Employer. Call for appointment Monday through Friday. Growing company seeking an experienced individual to join our friendly office staff. Duties include typing, filing, phones and general office work. Computer experience helpful. Excellent benefits and pay. Send resume or apply in person. Equal Opportunity Employer. Call for appointment Monday through Friday. Growing company seeking an experienced individual to join our friendly office staff. Duties include typing, filing, phones and general office work. Computer experience helpful. Excellent benefits and pay. Send resume or apply in person. Equal Opportunity Employer. Call for appointment Monday through Friday. Growing company seeking an experienced individual to join our friendly office staff. Duties include typing, filing, phones and general office work. Computer experience helpful. Excellent benefits and pay. Send resume or apply in person. Equal Opportunity Employer. Call for appointment Monday through Friday. Growing company seeking an experienced individual to join our friendly office staff. Duties include typing, filing, phones and general office work. Computer experience helpful. Excellent benefits and pay. Send resume or apply in person. Equal Opportunity Employer. Call for appointment Monday through Friday. Growing company seeking an experienced individual to join our friendly office staff. Duties include typing, filing, phones and general office work. Computer experience helpful. Excellent benefits and pay. Send resume or apply in person. Equal Opportunity Employer. Call for appointment Monday through Friday. Growing company seeking an experienced individual to join our friendly office staff. Duties include typing, filing, phones and general office work. Computer experience helpful. Excellent benefits and pay. Send resume or apply in person. Equal Opportunity Employer. Call for appointment Monday through Friday. Growing company seeking an experienced individual to join our friendly office staff. Duties include typing, filing, phones and general office work. Computer experience helpful. Excellent benefits and pay. Send resume or apply in person. Equal Opportunity Employer. Call for appointment Monday through Friday. Growing company seeking an experienced individual to join our friendly office staff. Duties include typing, filing, phones and general office work. Computer experience helpful. Excellent benefits and pay. Send resume or apply in person. Equal Opportunity Employer. Call for appointment Monday through Friday. Growing company seeking an experienced individual to join our friendly office staff. Duties include typing, filing, phones and general office work. Computer experience helpful. Excellent benefits and pay. Send resume or apply in person. Equal Opportunity Employer. Call for appointment Monday through Friday. Growing company seeking an experienced individual to join our friendly office staff. Duties include typing, filing, phones and general office work. Computer experience helpful. Excellent benefits and pay. Send resume or apply in person. Equal Opportunity Employer. Call for appointment Monday through Friday. Growing company seeking an experienced individual to join our friendly office staff. Duties include typing, filing, phones and general office work. Computer experience helpful. Excellent benefits and pay. Send resume or apply in person. Equal Opportunity Employer. Call for appointment Monday through Friday. Growing company seeking an experienced individual to join our friendly office staff. Duties include typing, filing, phones and general office work. Computer experience helpful. Excellent benefits and pay. Send resume or apply in person. Equal Opportunity Employer. Call for appointment Monday through Friday. Growing company seeking an experienced individual to join our friendly office staff. Duties include typing, filing, phones and general office work. Computer experience helpful. Excellent benefits and pay. Send resume or apply in person. Equal Opportunity Employer. Call for appointment Monday through Friday. Growing company seeking an experienced individual to join our friendly office staff. Duties include typing, filing, phones and general office work. Computer experience helpful. Excellent benefits and pay. Send resume or apply in person. Equal Opportunity Employer. Call for appointment Monday through Friday.
Walled Lake Schools
ACCOUNTING CLERK
Growing company seeking an experienced individual to join our friendly office staff. Duties include typing, filing, phones and general office work. Computer experience helpful. Excellent benefits and pay. Send resume or apply in person. Equal Opportunity Employer. Call for appointment Monday through Friday. Growing company seeking an experienced individual to join our friendly office staff. Duties include typing, filing, phones and general office work. Computer experience helpful. Excellent benefits and pay. Send resume or apply in person. Equal Opportunity Employer. Call for appointment Monday through Friday. Growing company seeking an experienced individual to join our friendly office staff. Duties include typing, filing, phones and general office work. Computer experience helpful. Excellent benefits and pay. Send resume or apply in person. Equal Opportunity Employer. Call for appointment Monday through Friday. Growing company seeking an experienced individual to join our friendly office staff. Duties include typing, filing, phones and general office work. Computer experience helpful. Excellent benefits and pay. Send resume or apply in person. Equal Opportunity Employer. Call for appointment Monday through Friday.
WORD PROCESSOR
Growing company seeking an experienced individual to join our friendly office staff. Duties include typing, filing, phones and general office work. Computer experience helpful. Excellent benefits and pay. Send resume or apply in person. Equal Opportunity Employer. Call for appointment Monday through Friday. Growing company seeking an experienced individual to join our friendly office staff. Duties include typing, filing, phones and general office work. Computer experience helpful. Excellent benefits and pay. Send resume or apply in person. Equal Opportunity Employer. Call for appointment Monday through Friday. Growing company seeking an experienced individual to join our friendly office staff. Duties include typing, filing, phones and general office work. Computer experience helpful. Excellent benefits and pay. Send resume or apply in person. Equal Opportunity Employer. Call for appointment Monday through Friday. Growing company seeking an experienced individual to join our friendly office staff. Duties include typing, filing, phones and general office work. Computer experience helpful. Excellent benefits and pay. Send resume or apply in person. Equal Opportunity Employer. Call for appointment Monday through Friday. Growing company seeking an experienced individual to join our friendly office staff. Duties include typing, filing, phones and general office work. Computer experience helpful. Excellent benefits and pay. Send resume or apply in person. Equal Opportunity Employer. Call for appointment Monday through Friday.
504 Help Wanted-Dental
Growing company seeking an experienced individual to join our friendly office staff. Duties include typing, filing, phones and general office work. Computer experience helpful. Excellent benefits and pay. Send resume or apply in person. Equal Opportunity Employer. Call for appointment Monday through Friday. Growing company seeking an experienced individual to join our friendly office staff. Duties include typing, filing, phones and general office work. Computer experience helpful. Excellent benefits and pay. Send resume or apply in person. Equal Opportunity Employer. Call for appointment Monday through Friday.
ADMINISTRATIVE ASSISTANT
Growing company seeking an experienced individual to join our friendly office staff. Duties include typing, filing, phones and general office work. Computer experience helpful. Excellent benefits and pay. Send resume or apply in person. Equal Opportunity Employer. Call for appointment Monday through Friday. Growing company seeking an experienced individual to join our friendly office staff. Duties include typing, filing, phones and general office work. Computer experience helpful. Excellent benefits and pay. Send resume or apply in person. Equal Opportunity Employer. Call for appointment Monday through Friday. Growing company seeking an experienced individual to join our friendly office staff. Duties include typing, filing, phones and general office work. Computer experience helpful. Excellent benefits and pay. Send resume or apply in person. Equal Opportunity Employer. Call for appointment Monday through Friday.
CHAIRSIDE ASSISTANT
Growing company seeking an experienced individual to join our friendly office staff. Duties include typing, filing, phones and general office work. Computer experience helpful. Excellent benefits and pay. Send resume or apply in person. Equal Opportunity Employer. Call for appointment Monday through Friday. Growing company seeking an experienced individual to join our friendly office staff. Duties include typing, filing, phones and general office work. Computer experience helpful. Excellent benefits and pay. Send resume or apply in person. Equal Opportunity Employer. Call for appointment Monday through Friday. Growing company seeking an experienced individual to join our friendly office staff. Duties include typing, filing, phones and general office work. Computer experience helpful. Excellent benefits and pay. Send resume or apply in person. Equal Opportunity Employer. Call for appointment Monday through Friday. Growing company seeking an experienced individual to join our friendly office staff. Duties include typing, filing, phones and general office work. Computer experience helpful. Excellent benefits and pay. Send resume or apply in person. Equal Opportunity Employer. Call for appointment Monday through Friday.
CLINICAL ASSISTANT
Growing company seeking an experienced individual to join our friendly office staff. Duties include typing, filing, phones and general office work. Computer experience helpful. Excellent benefits and pay. Send resume or apply in person. Equal Opportunity Employer. Call for appointment Monday through Friday. Growing company seeking an experienced individual to join our friendly office staff. Duties include typing, filing, phones and general office work. Computer experience helpful. Excellent benefits and pay. Send resume or apply in person. Equal Opportunity Employer. Call for appointment Monday through Friday. Growing company seeking an experienced individual to join our friendly office staff. Duties include typing, filing, phones and general office work. Computer experience helpful. Excellent benefits and pay. Send resume or apply in person. Equal Opportunity Employer. Call for appointment Monday through Friday. Growing company seeking an experienced individual to join our friendly office staff. Duties include typing, filing, phones and general office work. Computer experience helpful. Excellent benefits and pay. Send resume or apply in person. Equal Opportunity Employer. Call for appointment Monday through Friday. Growing company seeking an experienced individual to join our friendly office staff. Duties include typing, filing, phones and general office work. Computer experience helpful. Excellent benefits and pay. Send resume or apply in person. Equal Opportunity Employer. Call for appointment Monday through Friday.
DENTAL ASSISTANT
Growing company seeking an experienced individual to join our friendly office staff. Duties include typing, filing, phones and general office work. Computer experience helpful. Excellent benefits and pay. Send resume or apply in person. Equal Opportunity Employer. Call for appointment Monday through Friday. Growing company seeking an experienced individual to join our friendly office staff. Duties include typing, filing, phones and general office work. Computer experience helpful. Excellent benefits and pay. Send resume or apply in person. Equal Opportunity Employer. Call for appointment Monday through Friday.
DENTAL ASSISTANT
Growing company seeking an experienced individual to join our friendly office staff. Duties include typing, filing, phones and general office work. Computer experience helpful. Excellent benefits and pay. Send resume or apply in person. Equal Opportunity Employer. Call for appointment Monday through Friday. Growing company seeking an experienced individual to join our friendly office staff. Duties include typing, filing, phones and general office work. Computer experience helpful. Excellent benefits and pay. Send resume or apply in person. Equal Opportunity Employer. Call for appointment Monday through Friday. Growing company seeking an experienced individual to join our friendly office staff. Duties include typing, filing, phones and general office work. Computer experience helpful. Excellent benefits and pay. Send resume or apply in person. Equal Opportunity Employer. Call for appointment Monday through Friday.
DENTAL ASSISTANT
Growing company seeking an experienced individual to join our friendly office staff. Duties include typing, filing, phones and general office work. Computer experience helpful. Excellent benefits and pay. Send resume or apply in person. Equal Opportunity Employer. Call for appointment Monday through Friday. Growing company seeking an experienced individual to join our friendly office staff. Duties include typing, filing, phones and general office work. Computer experience helpful. Excellent benefits and pay. Send resume or apply in person. Equal Opportunity Employer. Call for appointment Monday through Friday. Growing company seeking an experienced individual to join our friendly office staff. Duties include typing, filing, phones and general office work. Computer experience helpful. Excellent benefits and pay. Send resume or apply in person. Equal Opportunity Employer. Call for appointment Monday through Friday. Growing company seeking an experienced individual to join our friendly office staff. Duties include typing, filing, phones and general office work. Computer experience helpful. Excellent benefits and pay. Send resume or apply in person. Equal Opportunity Employer. Call for appointment Monday through Friday.
DENTAL ASSISTANT
Growing company seeking an experienced individual to join our friendly office staff. Duties include typing, filing, phones and general office work. Computer experience helpful. Excellent benefits and pay. Send resume or apply in person. Equal Opportunity Employer. Call for appointment Monday through Friday. Growing company seeking an experienced individual to join our friendly office staff. Duties include typing, filing, phones and general office work. Computer experience helpful. Excellent benefits and pay. Send resume or apply in person. Equal Opportunity Employer. Call for appointment Monday through Friday. Growing company seeking an experienced individual to join our friendly office staff. Duties include typing, filing, phones and general office work. Computer experience helpful. Excellent benefits and pay. Send resume or apply in person. Equal Opportunity Employer. Call for appointment Monday through Friday. Growing company seeking an experienced individual to join our friendly office staff. Duties include typing, filing, phones and general office work. Computer experience helpful. Excellent benefits and pay. Send resume or apply in person. Equal Opportunity Employer. Call for appointment Monday through Friday. Growing company seeking an experienced individual to join our friendly office staff. Duties include typing, filing, phones and general office work. Computer experience helpful. Excellent benefits and pay. Send resume or apply in person. Equal Opportunity Employer. Call for appointment Monday through Friday.
DENTAL ASSISTANT
Growing company seeking an experienced individual to join our friendly office staff. Duties include typing, filing, phones and general office work. Computer experience helpful. Excellent benefits and pay. Send resume or apply in person. Equal Opportunity Employer. Call for appointment Monday through Friday. Growing company seeking an experienced individual to join our friendly office staff. Duties include typing, filing, phones and general office work. Computer experience helpful. Excellent benefits and pay. Send resume or apply in person. Equal Opportunity Employer. Call for appointment Monday through Friday.
DENTAL ASSISTANT
Growing company seeking an experienced individual to join our friendly office staff. Duties include typing, filing, phones and general office work. Computer experience helpful. Excellent benefits and pay. Send resume or apply in person. Equal Opportunity Employer. Call for appointment Monday through Friday. Growing company seeking an experienced individual to join our friendly office staff. Duties include typing, filing, phones and general office work. Computer experience helpful. Excellent benefits and pay. Send resume or apply in person. Equal Opportunity Employer. Call for appointment Monday through Friday. Growing company seeking an experienced individual to join our friendly office staff. Duties include typing, filing, phones and general office work. Computer experience helpful. Excellent benefits and pay. Send resume or apply in person. Equal Opportunity Employer. Call for appointment Monday through Friday.
DENTAL ASSISTANT
Growing company seeking an experienced individual to join our friendly office staff. Duties include typing, filing, phones and general office work. Computer experience helpful. Excellent benefits and pay. Send resume or apply in person. Equal Opportunity Employer. Call for appointment Monday through Friday. Growing company seeking an experienced individual to join our friendly office staff. Duties include typing, filing, phones and general office work. Computer experience helpful. Excellent benefits and pay. Send resume or apply in person. Equal Opportunity Employer. Call for appointment Monday through Friday. Growing company seeking an experienced individual to join our friendly office staff. Duties include typing, filing, phones and general office work. Computer experience helpful. Excellent benefits and pay. Send resume or apply in person. Equal Opportunity Employer. Call for appointment Monday through Friday. Growing company seeking an experienced individual to join our friendly office staff. Duties include typing, filing, phones and general office work. Computer experience helpful. Excellent benefits and pay. Send resume or apply in person. Equal Opportunity Employer. Call for appointment Monday through Friday.
DENTAL FRONT OFFICE
Growing company seeking an experienced individual to join our friendly office staff. Duties include typing, filing, phones and general office work. Computer experience helpful. Excellent benefits and pay. Send resume or apply in person. Equal Opportunity Employer. Call for appointment Monday through Friday. Growing company seeking an experienced individual to join our friendly office staff. Duties include typing, filing, phones and general office work. Computer experience helpful. Excellent benefits and pay. Send resume or apply in person. Equal Opportunity Employer. Call for appointment Monday through Friday. Growing company seeking an experienced individual to join our friendly office staff. Duties include typing, filing, phones and general office work. Computer experience helpful. Excellent benefits and pay. Send resume or apply in person. Equal Opportunity Employer. Call for appointment Monday through Friday. Growing company seeking an experienced individual to join our friendly office staff. Duties include typing, filing, phones and general office work. Computer experience helpful. Excellent benefits and pay. Send resume or apply in person. Equal Opportunity Employer. Call for appointment Monday through Friday. Growing company seeking an experienced individual to join our friendly office staff. Duties include typing, filing, phones and general office work. Computer experience helpful. Excellent benefits and pay. Send resume or apply in person. Equal Opportunity Employer. Call for appointment Monday through Friday.
Growing company seeking an experienced individual to join our friendly office staff. Duties include typing, filing, phones and general office work. Computer experience helpful. Excellent benefits and pay. Send resume or apply in person. Equal Opportunity Employer. Call for appointment Monday through Friday. Growing company seeking an experienced individual to join our friendly office staff. Duties include typing, filing, phones and general office work. Computer experience helpful. Excellent benefits and pay. Send resume or apply in person. Equal Opportunity Employer. Call for appointment Monday through Friday. Growing company seeking an experienced individual to join our friendly office staff. Duties include typing, filing, phones and general office work. Computer experience helpful. Excellent benefits and pay. Send resume or apply in person. Equal Opportunity Employer. Call for appointment Monday through Friday. Growing company seeking an experienced individual to join our friendly office staff. Duties include typing, filing, phones and general office work. Computer experience helpful. Excellent benefits and pay. Send resume or apply in person. Equal Opportunity Employer. Call for appointment Monday through Friday. Growing company seeking an experienced individual to join our friendly office staff. Duties include typing, filing, phones and general office work. Computer experience helpful. Excellent benefits and pay. Send resume or apply in person. Equal Opportunity Employer. Call for appointment Monday through Friday. Growing company seeking an experienced individual to join our friendly office staff. Duties include typing, filing, phones and general office work. Computer experience helpful. Excellent benefits and pay. Send resume or apply in person. Equal Opportunity Employer. Call for appointment Monday through Friday. Growing company seeking an experienced individual to join our friendly office staff. Duties include typing, filing, phones and general office work. Computer experience helpful. Excellent benefits and pay. Send resume or apply in person. Equal Opportunity Employer. Call for appointment Monday through Friday. Growing company seeking an experienced individual to join our friendly office staff. Duties include typing, filing, phones and general office work. Computer experience helpful. Excellent benefits and pay. Send resume or apply in person. Equal Opportunity Employer. Call for appointment Monday through Friday. Growing company seeking an experienced individual to join our friendly office staff. Duties include typing, filing, phones and general office work. Computer experience helpful. Excellent benefits and pay. Send resume or apply in person. Equal Opportunity Employer. Call for appointment Monday through Friday. Growing company seeking an experienced individual to join our friendly office staff. Duties include typing, filing, phones and general office work. Computer experience helpful. Excellent benefits and pay. Send resume or apply in person. Equal Opportunity Employer. Call for appointment Monday through Friday. Growing company seeking an experienced individual to join our friendly office staff. Duties include typing, filing, phones and general office work. Computer experience helpful. Excellent benefits and pay. Send resume or apply in person. Equal Opportunity Employer. Call for appointment Monday through Friday. Growing company seeking an experienced individual to join our friendly office staff. Duties include typing, filing, phones and general office work. Computer experience helpful. Excellent benefits and pay. Send resume or apply in person. Equal Opportunity Employer. Call for appointment Monday through Friday. Growing company seeking an experienced individual to join our friendly office staff. Duties include typing, filing, phones and general office work. Computer experience helpful. Excellent benefits and pay. Send resume or apply in person. Equal Opportunity Employer. Call for appointment Monday through Friday. Growing company seeking an experienced individual to join our friendly office staff. Duties include typing, filing, phones and general office work. Computer experience helpful. Excellent benefits and pay. Send resume or apply in person. Equal Opportunity Employer. Call for appointment Monday through Friday. Growing company seeking an experienced individual to join our friendly office staff. Duties include typing, filing, phones and general office work. Computer experience helpful. Excellent benefits and pay. Send resume or apply in person. Equal Opportunity Employer. Call for appointment Monday through Friday. Growing company seeking an experienced individual to join our friendly office staff. Duties include typing, filing, phones and general office work. Computer experience helpful. Excellent benefits and pay. Send resume or apply in person. Equal Opportunity Employer. Call for appointment Monday through Friday. Growing company seeking an experienced individual to join our friendly office staff. Duties include typing, filing, phones and general office work. Computer experience helpful. Excellent benefits and pay. Send resume or apply in person. Equal Opportunity Employer. Call for appointment Monday through Friday. Growing company seeking an experienced individual to join our friendly office staff. Duties include typing, filing, phones and general office work. Computer experience helpful. Excellent benefits and pay. Send resume or apply in person. Equal Opportunity Employer. Call for appointment Monday through Friday. Growing company seeking an experienced individual to join our friendly office staff. Duties include typing, filing, phones and general office work. Computer experience helpful. Excellent benefits and pay. Send resume or apply in person. Equal Opportunity Employer. Call for appointment Monday through Friday. Growing company seeking an experienced individual to join our friendly office staff. Duties include typing, filing, phones and general office work. Computer experience helpful. Excellent benefits and pay. Send resume or apply in person. Equal Opportunity Employer. Call for appointment Monday through Friday. Growing company seeking an experienced individual to join our friendly office staff. Duties include typing, filing, phones and general office work. Computer experience helpful. Excellent benefits and pay. Send resume or apply in person. Equal Opportunity Employer. Call for appointment Monday through Friday. Growing company seeking an experienced individual to join our friendly office staff. Duties include typing, filing, phones and general office work. Computer experience helpful. Excellent benefits and pay. Send resume or apply in person. Equal Opportunity Employer. Call for appointment Monday through Friday. Growing company seeking an experienced individual to join our friendly office staff. Duties include typing, filing, phones and general office work. Computer experience helpful. Excellent benefits and pay. Send resume or apply in person. Equal Opportunity Employer. Call for appointment Monday through Friday. Growing company seeking an experienced individual to join our friendly office staff. Duties include typing, filing, phones and general office work. Computer experience helpful. Excellent benefits and pay. Send resume or apply in person. Equal Opportunity Employer. Call for appointment Monday through Friday. Growing company seeking an experienced individual to join our friendly office staff. Duties include typing, filing, phones and general office work. Computer experience helpful. Excellent benefits and pay. Send resume or apply in person. Equal Opportunity Employer. Call for appointment Monday through Friday. Growing company seeking an experienced individual to join our friendly office staff. Duties include typing, filing, phones and general office work. Computer experience helpful. Excellent benefits and pay. Send resume or apply in person. Equal Opportunity Employer. Call for appointment Monday through Friday. Growing company seeking an experienced individual to join our friendly office staff. Duties include typing, filing, phones and general office work. Computer experience helpful. Excellent benefits and pay. Send resume or apply in person. Equal Opportunity Employer. Call for appointment Monday through Friday. Growing company seeking an experienced individual to join our friendly office staff. Duties include typing, filing, phones and general office work. Computer experience helpful. Excellent benefits and pay. Send resume or apply in person. Equal Opportunity Employer. Call for appointment Monday through Friday. Growing company seeking an experienced individual to join our friendly office staff. Duties include typing, filing, phones and general office work. Computer experience helpful. Excellent benefits and pay. Send resume or apply in person. Equal Opportunity Employer. Call for appointment Monday through Friday. Growing company seeking an experienced individual to join our friendly office staff. Duties include typing, filing, phones and general office work. Computer experience helpful. Excellent benefits and pay. Send resume or apply in person. Equal Opportunity Employer. Call for appointment Monday through Friday.
504 Help Wanted-Dental
DENTAL HYGIENIST
Growing company seeking an experienced individual to join our friendly office staff. Duties include typing, filing, phones and general office work. Computer experience helpful. Excellent benefits and pay. Send resume or apply in person. Equal Opportunity Employer. Call for appointment Monday through Friday. Growing company seeking an experienced individual to join our friendly office staff. Duties include typing, filing, phones and general office work. Computer experience helpful. Excellent benefits and pay. Send resume or apply in person. Equal Opportunity Employer. Call for appointment Monday through Friday. Growing company seeking an experienced individual to join our friendly office staff. Duties include typing, filing, phones and general office work. Computer experience helpful. Excellent benefits and pay. Send resume or apply in person. Equal Opportunity Employer. Call for appointment Monday through Friday.
DENTAL HYGIENIST
Growing company seeking an experienced individual to join our friendly office staff. Duties include typing, filing, phones and general office work. Computer experience helpful. Excellent benefits and pay. Send resume or apply in person. Equal Opportunity Employer. Call for appointment Monday through Friday. Growing company seeking an experienced individual to join our friendly office staff. Duties include typing, filing, phones and general office work. Computer experience helpful. Excellent benefits and pay. Send resume or apply in person. Equal Opportunity Employer. Call for appointment Monday through Friday. Growing company seeking an experienced individual to join our friendly office staff. Duties include typing, filing, phones and general office work. Computer experience helpful. Excellent benefits and pay. Send resume or apply in person. Equal Opportunity Employer. Call for appointment Monday through Friday. Growing company seeking an experienced individual to join our friendly office staff. Duties include typing, filing, phones and general office work. Computer experience helpful. Excellent benefits and pay. Send resume or apply in person. Equal Opportunity Employer. Call for appointment Monday through Friday.
DENTAL HYGIENIST
Growing company seeking an experienced individual to join our friendly office staff. Duties include typing, filing, phones and general office work. Computer experience helpful. Excellent benefits and pay. Send resume or apply in person. Equal Opportunity Employer. Call for appointment Monday through Friday. Growing company seeking an experienced individual to join our friendly office staff. Duties include typing, filing, phones and general office work. Computer experience helpful. Excellent benefits and pay. Send resume or apply in person. Equal Opportunity Employer. Call for appointment Monday through Friday. Growing company seeking an experienced individual to join our friendly office staff. Duties include typing, filing, phones and general office work. Computer experience helpful. Excellent benefits and pay. Send resume or apply in person. Equal Opportunity Employer. Call for appointment Monday through Friday. Growing company seeking an experienced individual to join our friendly office staff. Duties include typing, filing, phones and general office work. Computer experience helpful. Excellent benefits and pay. Send resume or apply in person. Equal Opportunity Employer. Call for appointment Monday through Friday. Growing company seeking an experienced individual to join our friendly office staff. Duties include typing, filing, phones and general office work. Computer experience helpful. Excellent benefits and pay. Send resume or apply in person. Equal Opportunity Employer. Call for appointment Monday through Friday.
DENTAL LAB
Growing company seeking an experienced individual to join our friendly office staff. Duties include typing, filing, phones and general office work. Computer experience helpful. Excellent benefits and pay. Send resume or apply in person. Equal Opportunity Employer. Call for appointment Monday through Friday. Growing company seeking an experienced individual to join our friendly office staff. Duties include typing, filing, phones and general office work. Computer experience helpful. Excellent benefits and pay. Send resume or apply in person. Equal Opportunity Employer. Call for appointment Monday through Friday.
DENTAL OFFICE
Growing company seeking an experienced individual to join our friendly office staff. Duties include typing, filing, phones and general office work. Computer experience helpful. Excellent benefits and pay. Send resume or apply in person. Equal Opportunity Employer. Call for appointment Monday through Friday. Growing company seeking an experienced individual to join our friendly office staff. Duties include typing, filing, phones and general office work. Computer experience helpful. Excellent benefits and pay. Send resume or apply in person. Equal Opportunity Employer. Call for appointment Monday through Friday. Growing company seeking an experienced individual to join our friendly office staff. Duties include typing, filing, phones and general office work. Computer experience helpful. Excellent benefits and pay. Send resume or apply in person. Equal Opportunity Employer. Call for appointment Monday through Friday.
DENTAL RECEPTIONIST
Growing company seeking an experienced individual to join our friendly office staff. Duties include typing, filing, phones and general office work. Computer experience helpful. Excellent benefits and pay. Send resume or apply in person. Equal Opportunity Employer. Call for appointment Monday through Friday. Growing company seeking an experienced individual to join our friendly office staff. Duties include typing, filing, phones and general office work. Computer experience helpful. Excellent benefits and pay. Send resume or apply in person. Equal Opportunity Employer. Call for appointment Monday through Friday. Growing company seeking an experienced individual to join our friendly office staff. Duties include typing, filing, phones and general office work. Computer experience helpful. Excellent benefits and pay. Send resume or apply in person. Equal Opportunity Employer. Call for appointment Monday through Friday. Growing company seeking an experienced individual to join our friendly office staff. Duties include typing, filing, phones and general office work. Computer experience helpful. Excellent benefits and pay. Send resume or apply in person. Equal Opportunity Employer. Call for appointment Monday through Friday.
DENTAL RECEPTIONIST
Growing company seeking an experienced individual to join our friendly office staff. Duties include typing, filing, phones and general office work. Computer experience helpful. Excellent benefits and pay. Send resume or apply in person. Equal Opportunity Employer. Call for appointment Monday through Friday. Growing company seeking an experienced individual to join our friendly office staff. Duties include typing, filing, phones and general office work. Computer experience helpful. Excellent benefits and pay. Send resume or apply in person. Equal Opportunity Employer. Call for appointment Monday through Friday. Growing company seeking an experienced individual to join our friendly office staff. Duties include typing, filing, phones and general office work. Computer experience helpful. Excellent benefits and pay. Send resume or apply in person. Equal Opportunity Employer. Call for appointment Monday through Friday. Growing company seeking an experienced individual to join our friendly office staff. Duties include typing, filing, phones and general office work. Computer experience helpful. Excellent benefits and pay. Send resume or apply in person. Equal Opportunity Employer. Call for appointment Monday through Friday. Growing company seeking an experienced individual to join our friendly office staff. Duties include typing, filing, phones and general office work. Computer experience helpful. Excellent benefits and pay. Send resume or apply in person. Equal Opportunity Employer. Call for appointment Monday through Friday.
DENTAL TECHS
Growing company seeking an experienced individual to join our friendly office staff. Duties include typing, filing, phones and general office work. Computer experience helpful. Excellent benefits and pay. Send resume or apply in person. Equal Opportunity Employer. Call for appointment Monday through Friday. Growing company seeking an experienced individual to join our friendly office staff. Duties include typing, filing, phones and general office work. Computer experience helpful. Excellent benefits and pay. Send resume or apply in person. Equal Opportunity Employer. Call for appointment Monday through Friday.
EXCELLENT OPPORTUNITY
Growing company seeking an experienced individual to join our friendly office staff. Duties include typing, filing, phones and general office work. Computer experience helpful. Excellent benefits and pay. Send resume or apply in person. Equal Opportunity Employer. Call for appointment Monday through Friday. Growing company seeking an experienced individual to join our friendly office staff. Duties include typing, filing, phones and general office work. Computer experience helpful. Excellent benefits and pay. Send resume or apply in person. Equal Opportunity Employer. Call for appointment Monday through Friday. Growing company seeking an experienced individual to join our friendly office staff. Duties include typing, filing, phones and general office work. Computer experience helpful. Excellent benefits and pay. Send resume or apply in person. Equal Opportunity Employer. Call for appointment Monday through Friday.
HYGIENIST
Growing company seeking an experienced individual to join our friendly office staff. Duties include typing, filing, phones and general office work. Computer experience helpful. Excellent benefits and pay. Send resume or apply in person. Equal Opportunity Employer. Call for appointment Monday through Friday. Growing company seeking an experienced individual to join our friendly office staff. Duties include typing, filing, phones and general office work. Computer experience helpful. Excellent benefits and pay. Send resume or apply in person. Equal Opportunity Employer. Call for appointment Monday through Friday. Growing company seeking an experienced individual to join our friendly office staff. Duties include typing, filing, phones and general office work. Computer experience helpful. Excellent benefits and pay. Send resume or apply in person. Equal Opportunity Employer. Call for appointment Monday through Friday. Growing company seeking an experienced individual to join our friendly office staff. Duties include typing, filing, phones and general office work. Computer experience helpful. Excellent benefits and pay. Send resume or apply in person. Equal Opportunity Employer. Call for appointment Monday through Friday.
ORTHODONTIC ASSISTANT
Growing company seeking an experienced individual to join our friendly office staff. Duties include typing, filing, phones and general office work. Computer experience helpful. Excellent benefits and pay. Send resume or apply in person. Equal Opportunity Employer. Call for appointment Monday through Friday. Growing company seeking an experienced individual to join our friendly office staff. Duties include typing, filing, phones and general office work. Computer experience helpful. Excellent benefits and pay. Send resume or apply in person. Equal Opportunity Employer. Call for appointment Monday through Friday. Growing company seeking an experienced individual to join our friendly office staff. Duties include typing, filing, phones and general office work. Computer experience helpful. Excellent benefits and pay. Send resume or apply in person. Equal Opportunity Employer. Call for appointment Monday through Friday. Growing company seeking an experienced individual to join our friendly office staff. Duties include typing, filing, phones and general office work. Computer experience helpful. Excellent benefits and pay. Send resume or apply in person. Equal Opportunity Employer. Call for appointment Monday through Friday. Growing company seeking an experienced individual to join our friendly office staff. Duties include typing, filing, phones and general office work. Computer experience helpful. Excellent benefits and pay. Send resume or apply in person. Equal Opportunity Employer. Call for appointment Monday through Friday.
506 Help Wanted-Medical
Growing company seeking an experienced individual to join our friendly office staff. Duties include typing, filing, phones and general office work. Computer experience helpful. Excellent benefits and pay. Send resume or apply in person. Equal Opportunity Employer. Call for appointment Monday through Friday. Growing company seeking an experienced individual to join our friendly office staff. Duties include typing, filing, phones and general office work. Computer experience helpful. Excellent benefits and pay. Send resume or apply in person. Equal Opportunity Employer. Call for appointment Monday through Friday.
AS HOSPITALS CLOSE, GRADUATE GROWS!
Growing company seeking an experienced individual to join our friendly office staff. Duties include typing, filing, phones and general office work. Computer experience helpful. Excellent benefits and pay. Send resume or apply in person. Equal Opportunity Employer. Call for appointment Monday through Friday. Growing company seeking an experienced individual to join our friendly office staff. Duties include typing, filing, phones and general office work. Computer experience helpful. Excellent benefits and pay. Send resume or apply in person. Equal Opportunity Employer. Call for appointment Monday through Friday. Growing company seeking an experienced individual to join our friendly office staff. Duties include typing, filing, phones and general office work. Computer experience helpful. Excellent benefits and pay. Send resume or apply in person. Equal Opportunity Employer. Call for appointment Monday through Friday.
Call Keith Kurz 810-854-7336
Growing company seeking an experienced individual to join our friendly office staff. Duties include typing, filing, phones and general office work. Computer experience helpful. Excellent benefits and pay. Send resume or apply in person. Equal Opportunity Employer. Call for appointment Monday through Friday. Growing company seeking an experienced individual to join our friendly office staff. Duties include typing, filing, phones and general office work. Computer experience helpful. Excellent benefits and pay. Send resume or apply in person. Equal Opportunity Employer. Call for appointment Monday through Friday. Growing company seeking an experienced individual to join our friendly office staff. Duties include typing, filing, phones and general office work. Computer experience helpful. Excellent benefits and pay. Send resume or apply in person. Equal Opportunity Employer. Call for appointment Monday through Friday. Growing company seeking an experienced individual to join our friendly office staff. Duties include typing, filing, phones and general office work. Computer experience helpful. Excellent benefits and pay. Send resume or apply in person. Equal Opportunity Employer. Call for appointment Monday through Friday.
ASSISTANT-MEDICAL
Growing company seeking an experienced individual to join our friendly office staff. Duties include typing, filing, phones and general office work. Computer experience helpful. Excellent benefits and pay. Send resume or apply in person. Equal Opportunity Employer. Call for appointment Monday through Friday. Growing company seeking an experienced individual to join our friendly office staff. Duties include typing, filing, phones and general office work. Computer experience helpful. Excellent benefits and pay. Send resume or apply in person. Equal Opportunity Employer. Call for appointment Monday through Friday. Growing company seeking an experienced individual to join our friendly office staff. Duties include typing, filing, phones and general office work. Computer experience helpful. Excellent benefits and pay. Send resume or apply in person. Equal Opportunity Employer. Call for appointment Monday through Friday. Growing company seeking an experienced individual to join our friendly office staff. Duties include typing, filing, phones and general office work. Computer experience helpful. Excellent benefits and pay. Send resume or apply in person. Equal Opportunity Employer. Call for appointment Monday through Friday. Growing company seeking an experienced individual to join our friendly office staff. Duties include typing, filing, phones and general office work. Computer experience helpful. Excellent benefits and pay. Send resume or apply in person. Equal Opportunity Employer. Call for appointment Monday through Friday.
Growing company seeking an experienced individual to join our friendly office staff. Duties include typing, filing, phones and general office work. Computer experience helpful. Excellent benefits and pay. Send resume or apply in person. Equal Opportunity Employer. Call for appointment Monday through Friday. Growing company seeking an experienced individual to join our friendly office staff. Duties include typing, filing, phones and general office work. Computer experience helpful. Excellent benefits and pay. Send resume or apply in person. Equal Opportunity Employer. Call for appointment Monday through Friday. Growing company seeking an experienced individual to join our friendly office staff. Duties include typing, filing, phones and general office work. Computer experience helpful. Excellent benefits and pay. Send resume or apply in person. Equal Opportunity Employer. Call for appointment Monday through Friday. Growing company seeking an experienced individual to join our friendly office staff. Duties include typing, filing, phones and general office work. Computer experience helpful. Excellent benefits and pay. Send resume or apply in person. Equal Opportunity Employer. Call for appointment Monday through Friday. Growing company seeking an experienced individual to join our friendly office staff. Duties include typing, filing, phones and general office work. Computer experience helpful. Excellent benefits and pay. Send resume or apply in person. Equal Opportunity Employer. Call for appointment Monday through Friday. Growing company seeking an experienced individual to join our friendly office staff. Duties include typing, filing, phones and general office work. Computer experience helpful. Excellent benefits and pay. Send resume or apply in person. Equal Opportunity Employer. Call for appointment Monday through Friday. Growing company seeking an experienced individual to join our friendly office staff. Duties include typing, filing, phones and general office work. Computer experience helpful. Excellent benefits and pay. Send resume or apply in person. Equal Opportunity Employer. Call for appointment Monday through Friday. Growing company seeking an experienced individual to join our friendly office staff. Duties include typing, filing, phones and general office work. Computer experience helpful. Excellent benefits and pay. Send resume or apply in person. Equal Opportunity Employer. Call for appointment Monday through Friday. Growing company seeking an experienced individual to join our friendly office staff. Duties include typing, filing, phones and general office work. Computer experience helpful. Excellent benefits and pay. Send resume or apply in person. Equal Opportunity Employer. Call for appointment Monday through Friday. Growing company seeking an experienced individual to join our friendly office staff. Duties include typing, filing, phones and general office work. Computer experience helpful. Excellent benefits and pay. Send resume or apply in person. Equal Opportunity Employer. Call for appointment Monday through Friday. Growing company seeking an experienced individual to join our friendly office staff. Duties include typing, filing, phones and general office work. Computer experience helpful. Excellent benefits and pay. Send resume or apply in person. Equal Opportunity Employer. Call for appointment Monday through Friday. Growing company seeking an experienced individual to join our friendly office staff. Duties include typing, filing, phones and general office work. Computer experience helpful. Excellent benefits and pay. Send resume or apply in person. Equal Opportunity Employer. Call for appointment Monday through Friday. Growing company seeking an experienced individual to join our friendly office staff. Duties include typing, filing, phones and general office work. Computer experience helpful. Excellent benefits and pay. Send resume or apply in person. Equal Opportunity Employer. Call for appointment Monday through Friday. Growing company seeking an experienced individual to join our friendly office staff. Duties include typing, filing, phones and general office work. Computer experience helpful. Excellent benefits and pay. Send resume or apply in person. Equal Opportunity Employer. Call for appointment Monday through Friday. Growing company seeking an experienced individual to join our friendly office staff. Duties include typing, filing, phones and general office work. Computer experience helpful. Excellent benefits and pay. Send resume or apply in person. Equal Opportunity Employer. Call for appointment Monday through Friday. Growing company seeking an experienced individual to join our friendly office staff. Duties include typing, filing, phones and general office work. Computer experience helpful. Excellent benefits and pay. Send resume or apply in person. Equal Opportunity Employer. Call for appointment Monday through Friday. Growing company seeking an experienced individual to join our friendly office staff. Duties include typing, filing, phones and general office work. Computer experience helpful. Excellent benefits and pay. Send resume or apply in person. Equal Opportunity Employer. Call for appointment Monday through Friday. Growing company seeking an experienced individual to join our friendly office staff. Duties include typing, filing, phones and general office work. Computer experience helpful. Excellent benefits and pay. Send resume or apply in person. Equal Opportunity Employer. Call for appointment Monday through Friday. Growing company seeking an experienced individual to join our friendly office staff. Duties include typing, filing, phones and general office work. Computer experience helpful. Excellent benefits and pay. Send resume or apply in person. Equal Opportunity Employer. Call for appointment Monday through Friday. Growing company seeking an experienced individual to join our friendly office staff. Duties include typing, filing, phones and general office work. Computer experience helpful. Excellent benefits and pay. Send resume or apply in person. Equal Opportunity Employer. Call for appointment Monday through Friday. Growing company seeking an experienced individual to join our friendly office staff. Duties include typing, filing, phones and general office work. Computer experience helpful. Excellent benefits and pay. Send resume or apply in person. Equal Opportunity Employer. Call for appointment Monday through Friday. Growing company seeking an experienced individual to join our friendly office staff. Duties include typing, filing, phones and general office work. Computer experience helpful. Excellent benefits and pay. Send resume or apply in person. Equal Opportunity Employer. Call for appointment Monday through Friday. Growing company seeking an experienced individual to join our friendly office staff. Duties include typing, filing, phones and general office work. Computer experience helpful. Excellent benefits and pay. Send resume or apply in person. Equal Opportunity Employer. Call for appointment Monday through Friday. Growing company seeking an experienced individual to join our friendly office staff. Duties include typing, filing, phones and general office work. Computer experience helpful. Excellent benefits and pay. Send resume or apply in person. Equal Opportunity Employer. Call for appointment Monday through Friday. Growing company seeking an experienced individual to join our friendly office staff. Duties include typing, filing, phones and general office work. Computer experience helpful. Excellent benefits and pay. Send resume or apply in person. Equal Opportunity Employer. Call for appointment Monday through Friday. Growing company seeking an experienced individual to join our friendly office staff. Duties include typing, filing, phones and general office work. Computer experience helpful. Excellent benefits and pay. Send resume or apply in person. Equal Opportunity Employer. Call for appointment Monday through Friday. Growing company seeking an experienced individual to join our friendly office staff. Duties include typing, filing, phones and general office work. Computer experience helpful. Excellent benefits and pay. Send resume or apply in person. Equal Opportunity Employer. Call for appointment Monday through Friday. Growing company seeking an experienced individual to join our friendly office staff. Duties include typing, filing, phones and general office work. Computer experience helpful. Excellent benefits and pay. Send resume or apply in person. Equal Opportunity Employer. Call for appointment Monday through Friday. Growing company seeking an experienced individual to join our friendly office staff. Duties include typing, filing, phones and general office work. Computer experience helpful. Excellent benefits and pay. Send resume or apply in person. Equal Opportunity Employer. Call for appointment Monday through Friday. Growing company seeking an experienced individual to join our friendly office staff. Duties include typing, filing, phones and general office work. Computer experience helpful. Excellent benefits and pay. Send resume or apply in person. Equal Opportunity Employer. Call for appointment Monday through Friday.
506 Help Wanted-Medical
BILLERS
Growing company seeking an experienced individual to join our friendly office staff. Duties include typing, filing, phones and general office work. Computer experience helpful. Excellent benefits and pay. Send resume or apply in person. Equal Opportunity Employer. Call for appointment Monday through Friday. Growing company seeking an experienced individual to join our friendly office staff. Duties include typing, filing, phones and general office work. Computer experience helpful. Excellent benefits and pay. Send resume or apply in person. Equal Opportunity Employer. Call for appointment Monday through Friday.
CARDIAC ECHO TECHNOLOGIST
Growing company seeking an experienced individual to join our friendly office staff. Duties include typing, filing, phones and general office work. Computer experience helpful. Excellent benefits and pay. Send resume or apply in person. Equal Opportunity Employer. Call for appointment Monday through Friday. Growing company seeking an experienced individual to join our friendly office staff. Duties include typing, filing, phones and general office work. Computer experience helpful. Excellent benefits and pay. Send resume or apply in person. Equal Opportunity Employer. Call for appointment Monday through Friday. Growing company seeking an experienced individual to join our friendly office staff. Duties include typing, filing, phones and general office work. Computer experience helpful. Excellent benefits and pay. Send resume or apply in person. Equal Opportunity Employer. Call for appointment Monday through Friday.
PROVIDENCE
Growing company seeking an experienced individual to join our friendly office staff. Duties include typing, filing, phones and general office work. Computer experience helpful. Excellent benefits and pay. Send resume or apply in person. Equal Opportunity Employer. Call for appointment Monday through Friday. Growing company seeking an experienced individual to join our friendly office staff. Duties include typing, filing, phones and general office work. Computer experience helpful. Excellent benefits and pay. Send resume or apply in person. Equal Opportunity Employer. Call for appointment Monday through Friday. Growing company seeking an experienced individual to join our friendly office staff. Duties include typing, filing, phones and general office work. Computer experience helpful. Excellent benefits and pay. Send resume or apply in person. Equal Opportunity Employer. Call for appointment Monday through Friday. Growing company seeking an experienced individual to join our friendly office staff. Duties include typing, filing, phones and general office work. Computer experience helpful. Excellent benefits and pay. Send resume or apply in person. Equal Opportunity Employer. Call for appointment Monday through Friday.
CAREGIVERS
Growing company seeking an experienced individual to join our friendly office staff. Duties include typing, filing, phones and general office work. Computer experience helpful. Excellent benefits and pay. Send resume or apply in person. Equal Opportunity Employer. Call for appointment Monday through Friday. Growing company seeking an experienced individual to join our friendly office staff. Duties include typing, filing, phones and general office work. Computer experience helpful. Excellent benefits and pay. Send resume or apply in person. Equal Opportunity Employer. Call for appointment Monday through Friday. Growing company seeking an experienced individual to join our friendly office staff. Duties include typing, filing, phones and general office work. Computer experience helpful. Excellent benefits and pay. Send resume or apply in person. Equal Opportunity Employer. Call for appointment Monday through Friday. Growing company seeking an experienced individual to join our friendly office staff. Duties include typing, filing, phones and general office work. Computer experience helpful. Excellent benefits and pay. Send resume or apply in person. Equal Opportunity Employer. Call for appointment Monday through Friday. Growing company seeking an experienced individual to join our friendly office staff. Duties include typing, filing, phones and general office work. Computer experience helpful. Excellent benefits and pay. Send resume or apply in person. Equal Opportunity Employer. Call for appointment Monday through Friday.
CENAS
Growing company seeking an experienced individual to join our friendly office staff. Duties include typing, filing, phones and general office work. Computer experience helpful. Excellent benefits and pay. Send resume or apply in person. Equal Opportunity Employer. Call for appointment Monday through Friday. Growing company seeking an experienced individual to join our friendly office staff. Duties include typing, filing, phones and general office work. Computer experience helpful. Excellent benefits and pay. Send resume or apply in person. Equal Opportunity Employer. Call for appointment Monday through Friday.
CERTIFIED CNA'S
Growing company seeking an experienced individual to join our friendly office staff. Duties include typing, filing, phones and general office work. Computer experience helpful. Excellent benefits and pay. Send resume or apply in person. Equal Opportunity Employer. Call for appointment Monday through Friday. Growing company seeking an experienced individual to join our friendly office staff. Duties include typing, filing, phones and general office work. Computer experience helpful. Excellent benefits and pay. Send resume or apply in person. Equal Opportunity Employer. Call for appointment Monday through Friday. Growing company seeking an experienced individual to join our friendly office staff. Duties include typing, filing, phones and general office work. Computer experience helpful. Excellent benefits and pay. Send resume or apply in person. Equal Opportunity Employer. Call for appointment Monday through Friday.
CLAIMS PROCESSOR
Growing company seeking an experienced individual to join our friendly office staff. Duties include typing, filing, phones and general office work. Computer experience helpful. Excellent benefits and pay. Send resume or apply in person. Equal Opportunity Employer. Call for appointment Monday through Friday. Growing company seeking an experienced individual to join our friendly office staff. Duties include typing, filing, phones and general office work. Computer experience helpful. Excellent benefits and pay. Send resume or apply in person. Equal Opportunity Employer. Call for appointment Monday through Friday. Growing company seeking an experienced individual to join our friendly office staff. Duties include typing, filing, phones and general office work. Computer experience helpful. Excellent benefits and pay. Send resume or apply in person. Equal Opportunity Employer. Call for appointment Monday through Friday. Growing company seeking an experienced individual to join our friendly office staff. Duties include typing, filing, phones and general office work. Computer experience helpful. Excellent benefits and pay. Send resume or apply in person. Equal Opportunity Employer. Call for appointment Monday through Friday.
CLINICAL DIETICIAN
Growing company seeking an experienced individual to join our friendly office staff. Duties include typing, filing, phones and general office work. Computer experience helpful. Excellent benefits and pay. Send resume or apply in person. Equal Opportunity Employer. Call for appointment Monday through Friday. Growing company seeking an experienced individual to join our friendly office staff. Duties include typing, filing, phones and general office work. Computer experience helpful. Excellent benefits and pay. Send resume or apply in person. Equal Opportunity Employer. Call for appointment Monday through Friday. Growing company seeking an experienced individual to join our friendly office staff. Duties include typing, filing, phones and general office work. Computer experience helpful. Excellent benefits and pay. Send resume or apply in person. Equal Opportunity Employer. Call for appointment Monday through Friday. Growing company seeking an experienced individual to join our friendly office staff. Duties include typing, filing, phones and general office work. Computer experience helpful. Excellent benefits and pay. Send resume or apply in person. Equal Opportunity Employer. Call for appointment Monday through Friday. Growing company seeking an experienced individual to join our friendly office staff. Duties include typing, filing, phones and general office work. Computer experience helpful. Excellent benefits and pay. Send resume or apply in person. Equal Opportunity Employer. Call for appointment Monday through Friday.
COMING SOON! NURSING ASSISTANT TRAINING PROGRAM
Growing company seeking an experienced individual to join our friendly office staff. Duties include typing, filing, phones and general office work. Computer experience helpful. Excellent benefits and pay. Send resume or apply in person. Equal Opportunity Employer. Call for appointment Monday through Friday. Growing company seeking an experienced individual to join our friendly office staff. Duties include typing, filing, phones and general office work. Computer experience helpful. Excellent benefits and pay. Send resume or apply in person. Equal Opportunity Employer. Call for appointment Monday through Friday.
CTRS
Growing company seeking an experienced individual to join our friendly office staff. Duties include typing, filing, phones and general office work. Computer experience helpful. Excellent benefits and pay. Send resume or apply in person. Equal Opportunity Employer. Call for appointment Monday through Friday. Growing company seeking an experienced individual to join our friendly office staff. Duties include typing, filing, phones and general office work. Computer experience helpful. Excellent benefits and pay. Send resume or apply in person. Equal Opportunity Employer. Call for appointment Monday through Friday. Growing company seeking an experienced individual to join our friendly office staff. Duties include typing, filing, phones and general office work. Computer experience helpful. Excellent benefits and pay. Send resume or apply in person. Equal Opportunity Employer. Call for appointment Monday through Friday.
DIRECTOR OF NURSING
Growing company seeking an experienced individual to join our friendly office staff. Duties include typing, filing, phones and general office work. Computer experience helpful. Excellent benefits and pay. Send resume or apply in person. Equal Opportunity Employer. Call for appointment Monday through Friday. Growing company seeking an experienced individual to join our friendly office staff. Duties include typing, filing, phones and general office work. Computer experience helpful. Excellent benefits and pay. Send resume or apply in person. Equal Opportunity Employer. Call for appointment Monday through Friday. Growing company seeking an experienced individual to join our friendly office staff. Duties include typing, filing, phones and general office work. Computer experience helpful. Excellent benefits and pay. Send resume or apply in person. Equal Opportunity Employer. Call for appointment Monday through Friday. Growing company seeking an experienced individual to join our friendly office staff. Duties include typing, filing, phones and general office work. Computer experience helpful. Excellent benefits and pay. Send resume or apply in person. Equal Opportunity Employer. Call for appointment Monday through Friday.
E.M.T. AMBULANCE GROUP
Growing company seeking an experienced individual to join our friendly office staff. Duties include typing, filing, phones and general office work. Computer experience helpful. Excellent benefits and pay. Send resume or apply in person. Equal Opportunity Employer. Call for appointment Monday through Friday. Growing company seeking an experienced individual to join our friendly office staff. Duties include typing, filing, phones and general office work. Computer experience helpful. Excellent benefits and pay. Send resume or apply in person. Equal Opportunity Employer. Call for appointment Monday through Friday. Growing company seeking an experienced individual to join our friendly office staff. Duties include typing, filing, phones and general office work. Computer experience helpful. Excellent benefits and pay. Send resume or apply in person. Equal Opportunity Employer. Call for appointment Monday through Friday. Growing company seeking an experienced individual to join our friendly office staff. Duties include typing, filing, phones and general office work. Computer experience helpful. Excellent benefits and pay. Send resume or apply in person. Equal Opportunity Employer. Call for appointment Monday through Friday. Growing company seeking an experienced individual to join our friendly office staff. Duties include typing, filing, phones and general office work. Computer experience helpful. Excellent benefits and pay. Send resume or apply in person. Equal Opportunity Employer. Call for appointment Monday through Friday.
Growing company seeking an experienced individual to join our friendly office staff. Duties include typing, filing, phones and general office work. Computer experience helpful. Excellent benefits and pay. Send resume or apply in person. Equal Opportunity Employer. Call for appointment Monday through Friday. Growing company seeking an experienced individual to join our friendly office staff. Duties include typing, filing, phones and general office work. Computer experience helpful. Excellent benefits and pay. Send resume or apply in person. Equal Opportunity Employer. Call for appointment Monday through Friday. Growing company seeking an experienced individual to join our friendly office staff. Duties include typing, filing, phones and general office work. Computer experience helpful. Excellent benefits and pay. Send resume or apply in person. Equal Opportunity Employer. Call for appointment Monday through Friday. Growing company seeking an experienced individual to join our friendly office staff. Duties include typing, filing, phones and general office work. Computer experience helpful. Excellent benefits and pay. Send resume or apply in person. Equal Opportunity Employer. Call for appointment Monday through Friday. Growing company seeking an experienced individual to join our friendly office staff. Duties include typing, filing, phones and general office work. Computer experience helpful. Excellent benefits and pay. Send resume or apply in person. Equal Opportunity Employer. Call for appointment Monday through Friday. Growing company seeking an experienced individual to join our friendly office staff. Duties include typing, filing, phones and general office work. Computer experience helpful. Excellent benefits and pay. Send resume or apply in person. Equal Opportunity Employer. Call for appointment Monday through Friday. Growing company seeking an experienced individual to join our friendly office staff. Duties include typing, filing, phones and general office work. Computer experience helpful. Excellent benefits and pay. Send resume or apply in person. Equal Opportunity Employer. Call for appointment Monday through Friday. Growing company seeking an experienced individual to join our friendly office staff. Duties include typing, filing, phones and general office work. Computer experience helpful. Excellent benefits and pay. Send resume or apply in person. Equal Opportunity Employer. Call for appointment Monday through Friday. Growing company seeking an experienced individual to join our friendly office staff. Duties include typing, filing, phones and general office work. Computer experience helpful. Excellent benefits and pay. Send resume or apply in person. Equal Opportunity Employer. Call for appointment Monday through Friday. Growing company seeking an experienced individual to join our friendly office staff. Duties include typing, filing, phones and general office work. Computer experience helpful. Excellent benefits and pay. Send resume or apply in person. Equal Opportunity Employer. Call for appointment Monday through Friday. Growing company seeking an experienced individual to join our friendly office staff. Duties include typing, filing, phones and general office work. Computer experience helpful. Excellent benefits and pay. Send resume or apply in person. Equal Opportunity Employer. Call for appointment Monday through Friday. Growing company seeking an experienced individual to join our friendly office staff. Duties include typing, filing, phones and general office work. Computer experience helpful. Excellent benefits and pay. Send resume or apply in person. Equal Opportunity Employer. Call for appointment Monday through Friday. Growing company seeking an experienced individual to join our friendly office staff. Duties include typing, filing, phones and general office work. Computer experience helpful. Excellent benefits and pay. Send resume or apply in person. Equal Opportunity Employer. Call for appointment Monday through Friday. Growing company seeking an experienced individual to join our friendly office staff. Duties include typing, filing, phones and general office work. Computer experience helpful. Excellent benefits and pay. Send resume or apply in person. Equal Opportunity Employer. Call for appointment Monday through Friday. Growing company seeking an experienced individual to join our friendly office staff. Duties include typing, filing, phones and general office work. Computer experience helpful. Excellent benefits and pay. Send resume or apply in person. Equal Opportunity Employer. Call for appointment Monday through Friday. Growing company seeking an experienced individual to join our friendly office staff. Duties include typing, filing, phones and general office work. Computer experience helpful. Excellent benefits and pay. Send resume or apply in person. Equal Opportunity Employer. Call for appointment Monday through Friday. Growing company seeking an experienced individual to join our friendly office staff. Duties include typing, filing, phones and general office work. Computer experience helpful. Excellent benefits and pay. Send resume or apply in person. Equal Opportunity Employer. Call for appointment Monday through Friday. Growing company seeking an experienced individual to join our friendly office staff. Duties include typing, filing, phones and general office work. Computer experience helpful. Excellent benefits and pay. Send resume or apply in person. Equal Opportunity Employer. Call for appointment Monday through Friday. Growing company seeking an experienced individual to join our friendly office staff. Duties include typing, filing, phones and general office work. Computer experience helpful. Excellent benefits and pay. Send resume or apply in person. Equal Opportunity Employer. Call for appointment Monday through Friday. Growing company seeking an experienced individual to join our friendly office staff. Duties include typing, filing, phones and general office work. Computer experience helpful. Excellent benefits and pay. Send resume or apply in person. Equal Opportunity Employer. Call for appointment Monday through Friday. Growing company seeking an experienced individual to join our friendly office staff. Duties include typing, filing, phones and general office work. Computer experience helpful. Excellent benefits and pay. Send resume or apply in person. Equal Opportunity Employer. Call for appointment Monday through Friday. Growing company seeking an experienced individual to join our friendly office staff. Duties include typing, filing, phones and general office work. Computer experience helpful. Excellent benefits and pay. Send resume or apply in person. Equal Opportunity Employer. Call for appointment Monday through Friday. Growing company seeking an experienced individual to join our friendly office staff. Duties include typing, filing, phones and general office work. Computer experience helpful. Excellent benefits and pay. Send resume or apply in person. Equal Opportunity Employer. Call for appointment Monday through Friday. Growing company seeking an experienced individual to join our friendly office staff. Duties include typing, filing, phones and general office work. Computer experience helpful. Excellent benefits and pay. Send resume or apply in person. Equal Opportunity Employer. Call for appointment Monday through Friday. Growing company seeking an experienced individual to join our friendly office staff. Duties include typing, filing, phones and general office work. Computer experience helpful. Excellent benefits and pay. Send resume or apply in person. Equal Opportunity Employer. Call for appointment Monday through Friday. Growing company seeking an experienced individual to join our friendly office staff. Duties include typing, filing, phones and general office work. Computer experience helpful. Excellent benefits and pay. Send resume or apply in person. Equal Opportunity Employer. Call for appointment Monday through Friday. Growing company seeking an experienced individual to join our friendly office staff. Duties include typing, filing, phones and general office work. Computer experience helpful. Excellent benefits and pay. Send resume or apply in person. Equal Opportunity Employer. Call for appointment Monday through Friday. Growing company seeking an experienced individual to join our friendly office staff. Duties include typing, filing, phones and general office work. Computer experience helpful. Excellent benefits and pay. Send resume or apply in person. Equal Opportunity Employer. Call for appointment Monday through Friday. Growing company seeking an experienced individual to join our friendly office staff. Duties include typing, filing, phones and general office work. Computer experience helpful. Excellent benefits and pay. Send resume or apply in person. Equal Opportunity Employer. Call for appointment Monday through Friday. Growing company seeking an experienced individual to join our friendly office staff. Duties include typing, filing, phones and general office work. Computer experience helpful. Excellent benefits and pay. Send resume or apply in person. Equal Opportunity Employer. Call for appointment Monday through Friday.
